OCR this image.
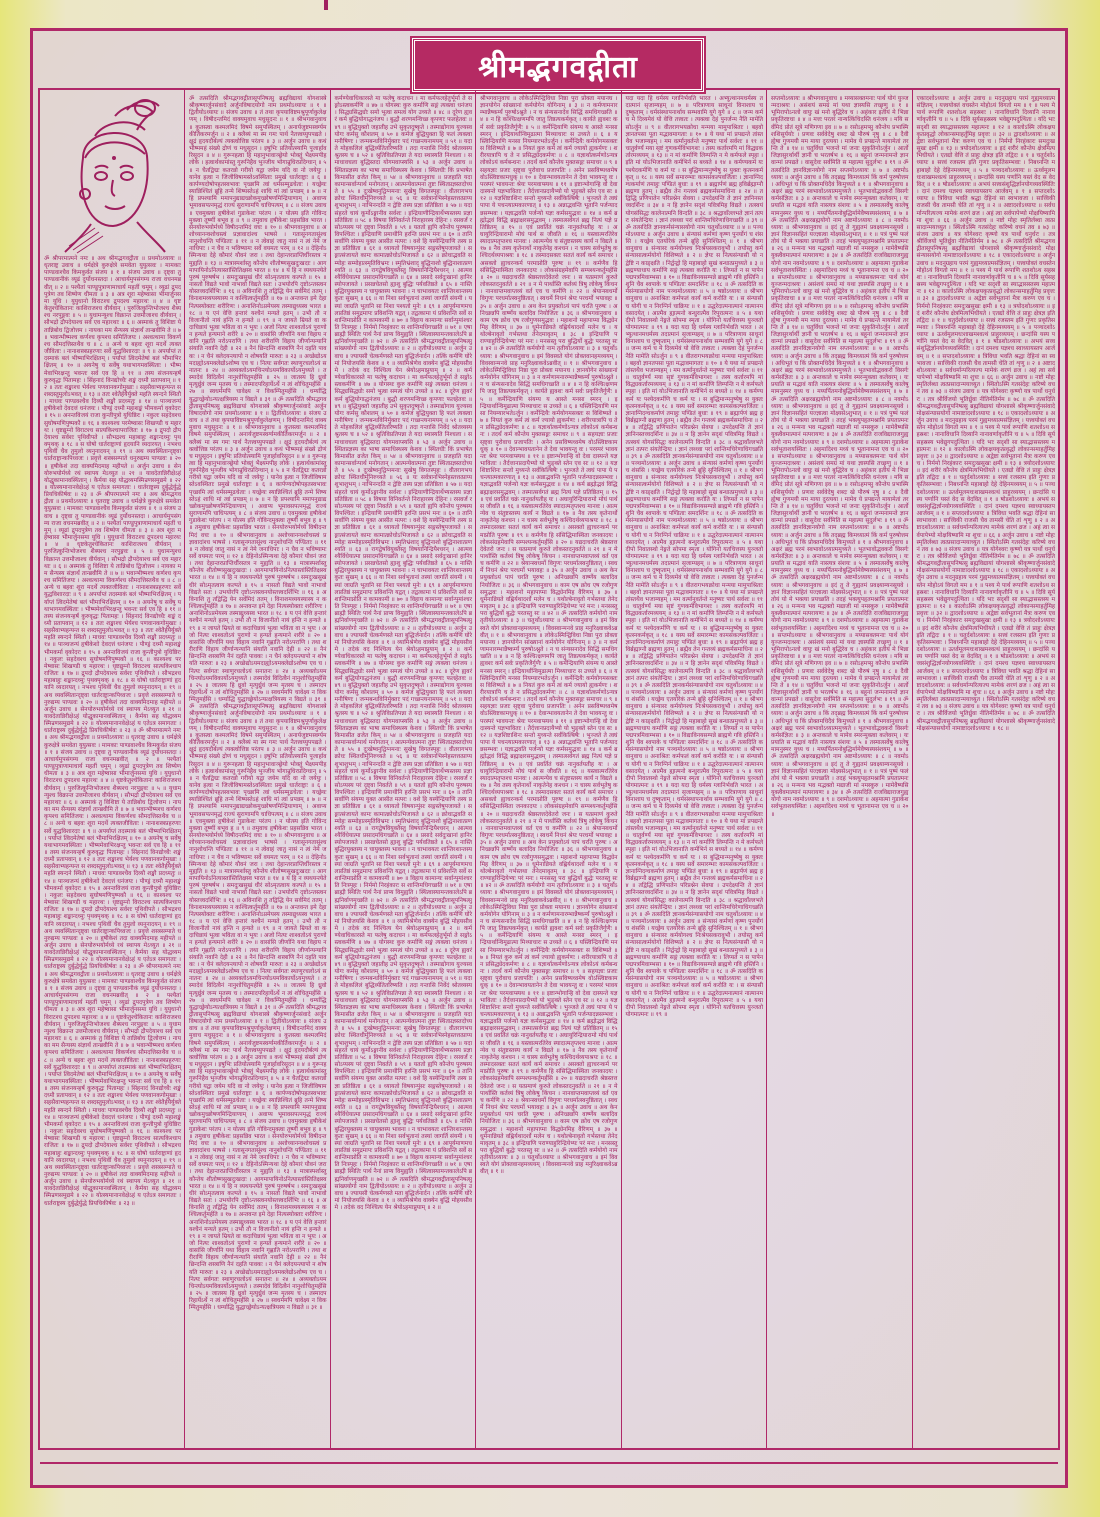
श्रीमद्भगवद्गीता
ॐ श्रीपरमात्मने नमः ॥ अथ श्रीमद्भगवद्गीता ॥ प्रथमोऽध्यायः ॥ धृतराष्ट्र उवाच ॥ धर्मक्षेत्रे कुरुक्षेत्रे समवेता युयुत्सवः । मामकाः पाण्डवाश्चैव किमकुर्वत संजय ॥ १ ॥ संजय उवाच ॥ दृष्ट्वा तु पाण्डवानीकं व्यूढं दुर्योधनस्तदा । आचार्यमुपसंगम्य राजा वचनमब्रवीत् ॥ २ ॥ पश्यैतां पाण्डुपुत्राणामाचार्य महतीं चमूम् । व्यूढां द्रुपदपुत्रेण तव शिष्येण धीमता ॥ ३ ॥ अत्र शूरा महेष्वासा भीमार्जुनसमा युधि । युयुधानो विराटश्च द्रुपदश्च महारथः ॥ ४ ॥ धृष्टकेतुश्चेकितानः काशिराजश्च वीर्यवान् । पुरुजित्कुन्तिभोजश्च शैब्यश्च नरपुङ्गवः ॥ ५ ॥ युधामन्युश्च विक्रान्त उत्तमौजाश्च वीर्यवान् । सौभद्रो द्रौपदेयाश्च सर्व एव महारथाः ॥ ६ ॥ अस्माकं तु विशिष्टा ये तान्निबोध द्विजोत्तम । नायका मम सैन्यस्य संज्ञार्थं तान्ब्रवीमि ते ॥ ७ ॥ भवान्भीष्मश्च कर्णश्च कृपश्च समितिंजयः । अश्वत्थामा विकर्णश्च सौमदत्तिस्तथैव च ॥ ८ ॥ अन्ये च बहवः शूरा मदर्थे त्यक्तजीविताः । नानाशस्त्रप्रहरणाः सर्वे युद्धविशारदाः ॥ ९ ॥ अपर्याप्तं तदस्माकं बलं भीष्माभिरक्षितम् । पर्याप्तं त्विदमेतेषां बलं भीमाभिरक्षितम् ॥ १० ॥ अयनेषु च सर्वेषु यथाभागमवस्थिताः । भीष्ममेवाभिरक्षन्तु भवन्तः सर्व एव हि ॥ ११ ॥ तस्य संजनयन्हर्षं कुरुवृद्धः पितामहः । सिंहनादं विनद्योच्चैः शङ्खं दध्मौ प्रतापवान् ॥ १२ ॥ ततः शङ्खाश्च भेर्यश्च पणवानकगोमुखाः । सहसैवाभ्यहन्यन्त स शब्दस्तुमुलोऽभवत् ॥ १३ ॥ ततः श्वेतैर्हयैर्युक्ते महति स्यन्दने स्थितौ । माधवः पाण्डवश्चैव दिव्यौ शङ्खौ प्रदध्मतुः ॥ १४ ॥ पाञ्चजन्यं हृषीकेशो देवदत्तं धनंजयः । पौण्ड्रं दध्मौ महाशङ्खं भीमकर्मा वृकोदरः ॥ १५ ॥ अनन्तविजयं राजा कुन्तीपुत्रो युधिष्ठिरः । नकुलः सहदेवश्च सुघोषमणिपुष्पकौ ॥ १६ ॥ काश्यश्च परमेष्वासः शिखण्डी च महारथः । धृष्टद्युम्नो विराटश्च सात्यकिश्चापराजितः ॥ १७ ॥ द्रुपदो द्रौपदेयाश्च सर्वशः पृथिवीपते । सौभद्रश्च महाबाहुः शङ्खान्दध्मुः पृथक्पृथक् ॥ १८ ॥ स घोषो धार्तराष्ट्राणां हृदयानि व्यदारयत् । नभश्च पृथिवीं चैव तुमुलो व्यनुनादयन् ॥ १९ ॥ अथ व्यवस्थितान्दृष्ट्वा धार्तराष्ट्रान्कपिध्वजः । प्रवृत्ते शस्त्रसम्पाते धनुरुद्यम्य पाण्डवः ॥ २० ॥ हृषीकेशं तदा वाक्यमिदमाह महीपते ॥ अर्जुन उवाच ॥ सेनयोरुभयोर्मध्ये रथं स्थापय मेऽच्युत ॥ २१ ॥ यावदेतान्निरीक्षेऽहं योद्धुकामानवस्थितान् । कैर्मया सह योद्धव्यमस्मिन्रणसमुद्यमे ॥ २२ ॥ योत्स्यमानानवेक्षेऽहं य एतेऽत्र समागताः । धार्तराष्ट्रस्य दुर्बुद्धेर्युद्धे प्रियचिकीर्षवः ॥ २३ ॥ ॐ श्रीपरमात्मने नमः ॥ अथ श्रीमद्भगवद्गीता ॥ प्रथमोऽध्यायः ॥ धृतराष्ट्र उवाच ॥ धर्मक्षेत्रे कुरुक्षेत्रे समवेता युयुत्सवः । मामकाः पाण्डवाश्चैव किमकुर्वत संजय ॥ १ ॥ संजय उवाच ॥ दृष्ट्वा तु पाण्डवानीकं व्यूढं दुर्योधनस्तदा । आचार्यमुपसंगम्य राजा वचनमब्रवीत् ॥ २ ॥ पश्यैतां पाण्डुपुत्राणामाचार्य महतीं चमूम् । व्यूढां द्रुपदपुत्रेण तव शिष्येण धीमता ॥ ३ ॥ अत्र शूरा महेष्वासा भीमार्जुनसमा युधि । युयुधानो विराटश्च द्रुपदश्च महारथः ॥ ४ ॥ धृष्टकेतुश्चेकितानः काशिराजश्च वीर्यवान् । पुरुजित्कुन्तिभोजश्च शैब्यश्च नरपुङ्गवः ॥ ५ ॥ युधामन्युश्च विक्रान्त उत्तमौजाश्च वीर्यवान् । सौभद्रो द्रौपदेयाश्च सर्व एव महारथाः ॥ ६ ॥ अस्माकं तु विशिष्टा ये तान्निबोध द्विजोत्तम । नायका मम सैन्यस्य संज्ञार्थं तान्ब्रवीमि ते ॥ ७ ॥ भवान्भीष्मश्च कर्णश्च कृपश्च समितिंजयः । अश्वत्थामा विकर्णश्च सौमदत्तिस्तथैव च ॥ ८ ॥ अन्ये च बहवः शूरा मदर्थे त्यक्तजीविताः । नानाशस्त्रप्रहरणाः सर्वे युद्धविशारदाः ॥ ९ ॥ अपर्याप्तं तदस्माकं बलं भीष्माभिरक्षितम् । पर्याप्तं त्विदमेतेषां बलं भीमाभिरक्षितम् ॥ १० ॥ अयनेषु च सर्वेषु यथाभागमवस्थिताः । भीष्ममेवाभिरक्षन्तु भवन्तः सर्व एव हि ॥ ११ ॥ तस्य संजनयन्हर्षं कुरुवृद्धः पितामहः । सिंहनादं विनद्योच्चैः शङ्खं दध्मौ प्रतापवान् ॥ १२ ॥ ततः शङ्खाश्च भेर्यश्च पणवानकगोमुखाः । सहसैवाभ्यहन्यन्त स शब्दस्तुमुलोऽभवत् ॥ १३ ॥ ततः श्वेतैर्हयैर्युक्ते महति स्यन्दने स्थितौ । माधवः पाण्डवश्चैव दिव्यौ शङ्खौ प्रदध्मतुः ॥ १४ ॥ पाञ्चजन्यं हृषीकेशो देवदत्तं धनंजयः । पौण्ड्रं दध्मौ महाशङ्खं भीमकर्मा वृकोदरः ॥ १५ ॥ अनन्तविजयं राजा कुन्तीपुत्रो युधिष्ठिरः । नकुलः सहदेवश्च सुघोषमणिपुष्पकौ ॥ १६ ॥ काश्यश्च परमेष्वासः शिखण्डी च महारथः । धृष्टद्युम्नो विराटश्च सात्यकिश्चापराजितः ॥ १७ ॥ द्रुपदो द्रौपदेयाश्च सर्वशः पृथिवीपते । सौभद्रश्च महाबाहुः शङ्खान्दध्मुः पृथक्पृथक् ॥ १८ ॥ स घोषो धार्तराष्ट्राणां हृदयानि व्यदारयत् । नभश्च पृथिवीं चैव तुमुलो व्यनुनादयन् ॥ १९ ॥ अथ व्यवस्थितान्दृष्ट्वा धार्तराष्ट्रान्कपिध्वजः । प्रवृत्ते शस्त्रसम्पाते धनुरुद्यम्य पाण्डवः ॥ २० ॥ हृषीकेशं तदा वाक्यमिदमाह महीपते ॥ अर्जुन उवाच ॥ सेनयोरुभयोर्मध्ये रथं स्थापय मेऽच्युत ॥ २१ ॥ यावदेतान्निरीक्षेऽहं योद्धुकामानवस्थितान् । कैर्मया सह योद्धव्यमस्मिन्रणसमुद्यमे ॥ २२ ॥ योत्स्यमानानवेक्षेऽहं य एतेऽत्र समागताः । धार्तराष्ट्रस्य दुर्बुद्धेर्युद्धे प्रियचिकीर्षवः ॥ २३ ॥ ॐ श्रीपरमात्मने नमः ॥ अथ श्रीमद्भगवद्गीता ॥ प्रथमोऽध्यायः ॥ धृतराष्ट्र उवाच ॥ धर्मक्षेत्रे कुरुक्षेत्रे समवेता युयुत्सवः । मामकाः पाण्डवाश्चैव किमकुर्वत संजय ॥ १ ॥ संजय उवाच ॥ दृष्ट्वा तु पाण्डवानीकं व्यूढं दुर्योधनस्तदा । आचार्यमुपसंगम्य राजा वचनमब्रवीत् ॥ २ ॥ पश्यैतां पाण्डुपुत्राणामाचार्य महतीं चमूम् । व्यूढां द्रुपदपुत्रेण तव शिष्येण धीमता ॥ ३ ॥ अत्र शूरा महेष्वासा भीमार्जुनसमा युधि । युयुधानो विराटश्च द्रुपदश्च महारथः ॥ ४ ॥ धृष्टकेतुश्चेकितानः काशिराजश्च वीर्यवान् । पुरुजित्कुन्तिभोजश्च शैब्यश्च नरपुङ्गवः ॥ ५ ॥ युधामन्युश्च विक्रान्त उत्तमौजाश्च वीर्यवान् । सौभद्रो द्रौपदेयाश्च सर्व एव महारथाः ॥ ६ ॥ अस्माकं तु विशिष्टा ये तान्निबोध द्विजोत्तम । नायका मम सैन्यस्य संज्ञार्थं तान्ब्रवीमि ते ॥ ७ ॥ भवान्भीष्मश्च कर्णश्च कृपश्च समितिंजयः । अश्वत्थामा विकर्णश्च सौमदत्तिस्तथैव च ॥ ८ ॥ अन्ये च बहवः शूरा मदर्थे त्यक्तजीविताः । नानाशस्त्रप्रहरणाः सर्वे युद्धविशारदाः ॥ ९ ॥ अपर्याप्तं तदस्माकं बलं भीष्माभिरक्षितम् । पर्याप्तं त्विदमेतेषां बलं भीमाभिरक्षितम् ॥ १० ॥ अयनेषु च सर्वेषु यथाभागमवस्थिताः । भीष्ममेवाभिरक्षन्तु भवन्तः सर्व एव हि ॥ ११ ॥ तस्य संजनयन्हर्षं कुरुवृद्धः पितामहः । सिंहनादं विनद्योच्चैः शङ्खं दध्मौ प्रतापवान् ॥ १२ ॥ ततः शङ्खाश्च भेर्यश्च पणवानकगोमुखाः । सहसैवाभ्यहन्यन्त स शब्दस्तुमुलोऽभवत् ॥ १३ ॥ ततः श्वेतैर्हयैर्युक्ते महति स्यन्दने स्थितौ । माधवः पाण्डवश्चैव दिव्यौ शङ्खौ प्रदध्मतुः ॥ १४ ॥ पाञ्चजन्यं हृषीकेशो देवदत्तं धनंजयः । पौण्ड्रं दध्मौ महाशङ्खं भीमकर्मा वृकोदरः ॥ १५ ॥ अनन्तविजयं राजा कुन्तीपुत्रो युधिष्ठिरः । नकुलः सहदेवश्च सुघोषमणिपुष्पकौ ॥ १६ ॥ काश्यश्च परमेष्वासः शिखण्डी च महारथः । धृष्टद्युम्नो विराटश्च सात्यकिश्चापराजितः ॥ १७ ॥ द्रुपदो द्रौपदेयाश्च सर्वशः पृथिवीपते । सौभद्रश्च महाबाहुः शङ्खान्दध्मुः पृथक्पृथक् ॥ १८ ॥ स घोषो धार्तराष्ट्राणां हृदयानि व्यदारयत् । नभश्च पृथिवीं चैव तुमुलो व्यनुनादयन् ॥ १९ ॥ अथ व्यवस्थितान्दृष्ट्वा धार्तराष्ट्रान्कपिध्वजः । प्रवृत्ते शस्त्रसम्पाते धनुरुद्यम्य पाण्डवः ॥ २० ॥ हृषीकेशं तदा वाक्यमिदमाह महीपते ॥ अर्जुन उवाच ॥ सेनयोरुभयोर्मध्ये रथं स्थापय मेऽच्युत ॥ २१ ॥ यावदेतान्निरीक्षेऽहं योद्धुकामानवस्थितान् । कैर्मया सह योद्धव्यमस्मिन्रणसमुद्यमे ॥ २२ ॥ योत्स्यमानानवेक्षेऽहं य एतेऽत्र समागताः । धार्तराष्ट्रस्य दुर्बुद्धेर्युद्धे प्रियचिकीर्षवः ॥ २३ ॥ ॐ श्रीपरमात्मने नमः ॥ अथ श्रीमद्भगवद्गीता ॥ प्रथमोऽध्यायः ॥ धृतराष्ट्र उवाच ॥ धर्मक्षेत्रे कुरुक्षेत्रे समवेता युयुत्सवः । मामकाः पाण्डवाश्चैव किमकुर्वत संजय ॥ १ ॥ संजय उवाच ॥ दृष्ट्वा तु पाण्डवानीकं व्यूढं दुर्योधनस्तदा । आचार्यमुपसंगम्य राजा वचनमब्रवीत् ॥ २ ॥ पश्यैतां पाण्डुपुत्राणामाचार्य महतीं चमूम् । व्यूढां द्रुपदपुत्रेण तव शिष्येण धीमता ॥ ३ ॥ अत्र शूरा महेष्वासा भीमार्जुनसमा युधि । युयुधानो विराटश्च द्रुपदश्च महारथः ॥ ४ ॥ धृष्टकेतुश्चेकितानः काशिराजश्च वीर्यवान् । पुरुजित्कुन्तिभोजश्च शैब्यश्च नरपुङ्गवः ॥ ५ ॥ युधामन्युश्च विक्रान्त उत्तमौजाश्च वीर्यवान् । सौभद्रो द्रौपदेयाश्च सर्व एव महारथाः ॥ ६ ॥ अस्माकं तु विशिष्टा ये तान्निबोध द्विजोत्तम । नायका मम सैन्यस्य संज्ञार्थं तान्ब्रवीमि ते ॥ ७ ॥ भवान्भीष्मश्च कर्णश्च कृपश्च समितिंजयः । अश्वत्थामा विकर्णश्च सौमदत्तिस्तथैव च ॥ ८ ॥ अन्ये च बहवः शूरा मदर्थे त्यक्तजीविताः । नानाशस्त्रप्रहरणाः सर्वे युद्धविशारदाः ॥ ९ ॥ अपर्याप्तं तदस्माकं बलं भीष्माभिरक्षितम् । पर्याप्तं त्विदमेतेषां बलं भीमाभिरक्षितम् ॥ १० ॥ अयनेषु च सर्वेषु यथाभागमवस्थिताः । भीष्ममेवाभिरक्षन्तु भवन्तः सर्व एव हि ॥ ११ ॥ तस्य संजनयन्हर्षं कुरुवृद्धः पितामहः । सिंहनादं विनद्योच्चैः शङ्खं दध्मौ प्रतापवान् ॥ १२ ॥ ततः शङ्खाश्च भेर्यश्च पणवानकगोमुखाः । सहसैवाभ्यहन्यन्त स शब्दस्तुमुलोऽभवत् ॥ १३ ॥ ततः श्वेतैर्हयैर्युक्ते महति स्यन्दने स्थितौ । माधवः पाण्डवश्चैव दिव्यौ शङ्खौ प्रदध्मतुः ॥ १४ ॥ पाञ्चजन्यं हृषीकेशो देवदत्तं धनंजयः । पौण्ड्रं दध्मौ महाशङ्खं भीमकर्मा वृकोदरः ॥ १५ ॥ अनन्तविजयं राजा कुन्तीपुत्रो युधिष्ठिरः । नकुलः सहदेवश्च सुघोषमणिपुष्पकौ ॥ १६ ॥ काश्यश्च परमेष्वासः शिखण्डी च महारथः । धृष्टद्युम्नो विराटश्च सात्यकिश्चापराजितः ॥ १७ ॥ द्रुपदो द्रौपदेयाश्च सर्वशः पृथिवीपते । सौभद्रश्च महाबाहुः शङ्खान्दध्मुः पृथक्पृथक् ॥ १८ ॥ स घोषो धार्तराष्ट्राणां हृदयानि व्यदारयत् । नभश्च पृथिवीं चैव तुमुलो व्यनुनादयन् ॥ १९ ॥ अथ व्यवस्थितान्दृष्ट्वा धार्तराष्ट्रान्कपिध्वजः । प्रवृत्ते शस्त्रसम्पाते धनुरुद्यम्य पाण्डवः ॥ २० ॥ हृषीकेशं तदा वाक्यमिदमाह महीपते ॥ अर्जुन उवाच ॥ सेनयोरुभयोर्मध्ये रथं स्थापय मेऽच्युत ॥ २१ ॥ यावदेतान्निरीक्षेऽहं योद्धुकामानवस्थितान् । कैर्मया सह योद्धव्यमस्मिन्रणसमुद्यमे ॥ २२ ॥ योत्स्यमानानवेक्षेऽहं य एतेऽत्र समागताः । धार्तराष्ट्रस्य दुर्बुद्धेर्युद्धे प्रियचिकीर्षवः ॥ २३ ॥
ॐ तत्सदिति श्रीमद्भगवद्गीतासूपनिषत्सु ब्रह्मविद्यायां योगशास्त्रे श्रीकृष्णार्जुनसंवादे अर्जुनविषादयोगो नाम प्रथमोऽध्यायः ॥ १ ॥ द्वितीयोऽध्यायः ॥ संजय उवाच ॥ तं तथा कृपयाविष्टमश्रुपूर्णाकुलेक्षणम् । विषीदन्तमिदं वाक्यमुवाच मधुसूदनः ॥ १ ॥ श्रीभगवानुवाच ॥ कुतस्त्वा कश्मलमिदं विषमे समुपस्थितम् । अनार्यजुष्टमस्वर्ग्यमकीर्तिकरमर्जुन ॥ २ ॥ क्लैब्यं मा स्म गमः पार्थ नैतत्त्वय्युपपद्यते । क्षुद्रं हृदयदौर्बल्यं त्यक्त्वोत्तिष्ठ परंतप ॥ ३ ॥ अर्जुन उवाच ॥ कथं भीष्ममहं संख्ये द्रोणं च मधुसूदन । इषुभिः प्रतियोत्स्यामि पूजार्हावरिसूदन ॥ ४ ॥ गुरूनहत्वा हि महानुभावाञ्छ्रेयो भोक्तुं भैक्ष्यमपीह लोके । हत्वार्थकामांस्तु गुरूनिहैव भुञ्जीय भोगान्रुधिरप्रदिग्धान् ॥ ५ ॥ न चैतद्विद्मः कतरन्नो गरीयो यद्वा जयेम यदि वा नो जयेयुः । यानेव हत्वा न जिजीविषामस्तेऽवस्थिताः प्रमुखे धार्तराष्ट्राः ॥ ६ ॥ कार्पण्यदोषोपहतस्वभावः पृच्छामि त्वां धर्मसम्मूढचेताः । यच्छ्रेयः स्यान्निश्चितं ब्रूहि तन्मे शिष्यस्तेऽहं शाधि मां त्वां प्रपन्नम् ॥ ७ ॥ न हि प्रपश्यामि ममापनुद्याद्यच्छोकमुच्छोषणमिन्द्रियाणाम् । अवाप्य भूमावसपत्नमृद्धं राज्यं सुराणामपि चाधिपत्यम् ॥ ८ ॥ संजय उवाच ॥ एवमुक्त्वा हृषीकेशं गुडाकेशः परंतप । न योत्स्य इति गोविन्दमुक्त्वा तूष्णीं बभूव ह ॥ ९ ॥ तमुवाच हृषीकेशः प्रहसन्निव भारत । सेनयोरुभयोर्मध्ये विषीदन्तमिदं वचः ॥ १० ॥ श्रीभगवानुवाच ॥ अशोच्यानन्वशोचस्त्वं प्रज्ञावादांश्च भाषसे । गतासूनगतासूंश्च नानुशोचन्ति पण्डिताः ॥ ११ ॥ न त्वेवाहं जातु नासं न त्वं नेमे जनाधिपाः । न चैव न भविष्यामः सर्वे वयमतः परम् ॥ १२ ॥ देहिनोऽस्मिन्यथा देहे कौमारं यौवनं जरा । तथा देहान्तरप्राप्तिर्धीरस्तत्र न मुह्यति ॥ १३ ॥ मात्रास्पर्शास्तु कौन्तेय शीतोष्णसुखदुःखदाः । आगमापायिनोऽनित्यास्तांस्तितिक्षस्व भारत ॥ १४ ॥ यं हि न व्यथयन्त्येते पुरुषं पुरुषर्षभ । समदुःखसुखं धीरं सोऽमृतत्वाय कल्पते ॥ १५ ॥ नासतो विद्यते भावो नाभावो विद्यते सतः । उभयोरपि दृष्टोऽन्तस्त्वनयोस्तत्त्वदर्शिभिः ॥ १६ ॥ अविनाशि तु तद्विद्धि येन सर्वमिदं ततम् । विनाशमव्ययस्यास्य न कश्चित्कर्तुमर्हति ॥ १७ ॥ अन्तवन्त इमे देहा नित्यस्योक्ताः शरीरिणः । अनाशिनोऽप्रमेयस्य तस्माद्युध्यस्व भारत ॥ १८ ॥ य एनं वेत्ति हन्तारं यश्चैनं मन्यते हतम् । उभौ तौ न विजानीतो नायं हन्ति न हन्यते ॥ १९ ॥ न जायते म्रियते वा कदाचिन्नायं भूत्वा भविता वा न भूयः । अजो नित्यः शाश्वतोऽयं पुराणो न हन्यते हन्यमाने शरीरे ॥ २० ॥ वासांसि जीर्णानि यथा विहाय नवानि गृह्णाति नरोऽपराणि । तथा शरीराणि विहाय जीर्णान्यन्यानि संयाति नवानि देही ॥ २२ ॥ नैनं छिन्दन्ति शस्त्राणि नैनं दहति पावकः । न चैनं क्लेदयन्त्यापो न शोषयति मारुतः ॥ २३ ॥ अच्छेद्योऽयमदाह्योऽयमक्लेद्योऽशोष्य एव च । नित्यः सर्वगतः स्थाणुरचलोऽयं सनातनः ॥ २४ ॥ अव्यक्तोऽयमचिन्त्योऽयमविकार्योऽयमुच्यते । तस्मादेवं विदित्वैनं नानुशोचितुमर्हसि ॥ २५ ॥ जातस्य हि ध्रुवो मृत्युर्ध्रुवं जन्म मृतस्य च । तस्मादपरिहार्येऽर्थे न त्वं शोचितुमर्हसि ॥ २७ ॥ स्वधर्ममपि चावेक्ष्य न विकम्पितुमर्हसि । धर्म्याद्धि युद्धाच्छ्रेयोऽन्यत्क्षत्रियस्य न विद्यते ॥ ३१ ॥ ॐ तत्सदिति श्रीमद्भगवद्गीतासूपनिषत्सु ब्रह्मविद्यायां योगशास्त्रे श्रीकृष्णार्जुनसंवादे अर्जुनविषादयोगो नाम प्रथमोऽध्यायः ॥ १ ॥ द्वितीयोऽध्यायः ॥ संजय उवाच ॥ तं तथा कृपयाविष्टमश्रुपूर्णाकुलेक्षणम् । विषीदन्तमिदं वाक्यमुवाच मधुसूदनः ॥ १ ॥ श्रीभगवानुवाच ॥ कुतस्त्वा कश्मलमिदं विषमे समुपस्थितम् । अनार्यजुष्टमस्वर्ग्यमकीर्तिकरमर्जुन ॥ २ ॥ क्लैब्यं मा स्म गमः पार्थ नैतत्त्वय्युपपद्यते । क्षुद्रं हृदयदौर्बल्यं त्यक्त्वोत्तिष्ठ परंतप ॥ ३ ॥ अर्जुन उवाच ॥ कथं भीष्ममहं संख्ये द्रोणं च मधुसूदन । इषुभिः प्रतियोत्स्यामि पूजार्हावरिसूदन ॥ ४ ॥ गुरूनहत्वा हि महानुभावाञ्छ्रेयो भोक्तुं भैक्ष्यमपीह लोके । हत्वार्थकामांस्तु गुरूनिहैव भुञ्जीय भोगान्रुधिरप्रदिग्धान् ॥ ५ ॥ न चैतद्विद्मः कतरन्नो गरीयो यद्वा जयेम यदि वा नो जयेयुः । यानेव हत्वा न जिजीविषामस्तेऽवस्थिताः प्रमुखे धार्तराष्ट्राः ॥ ६ ॥ कार्पण्यदोषोपहतस्वभावः पृच्छामि त्वां धर्मसम्मूढचेताः । यच्छ्रेयः स्यान्निश्चितं ब्रूहि तन्मे शिष्यस्तेऽहं शाधि मां त्वां प्रपन्नम् ॥ ७ ॥ न हि प्रपश्यामि ममापनुद्याद्यच्छोकमुच्छोषणमिन्द्रियाणाम् । अवाप्य भूमावसपत्नमृद्धं राज्यं सुराणामपि चाधिपत्यम् ॥ ८ ॥ संजय उवाच ॥ एवमुक्त्वा हृषीकेशं गुडाकेशः परंतप । न योत्स्य इति गोविन्दमुक्त्वा तूष्णीं बभूव ह ॥ ९ ॥ तमुवाच हृषीकेशः प्रहसन्निव भारत । सेनयोरुभयोर्मध्ये विषीदन्तमिदं वचः ॥ १० ॥ श्रीभगवानुवाच ॥ अशोच्यानन्वशोचस्त्वं प्रज्ञावादांश्च भाषसे । गतासूनगतासूंश्च नानुशोचन्ति पण्डिताः ॥ ११ ॥ न त्वेवाहं जातु नासं न त्वं नेमे जनाधिपाः । न चैव न भविष्यामः सर्वे वयमतः परम् ॥ १२ ॥ देहिनोऽस्मिन्यथा देहे कौमारं यौवनं जरा । तथा देहान्तरप्राप्तिर्धीरस्तत्र न मुह्यति ॥ १३ ॥ मात्रास्पर्शास्तु कौन्तेय शीतोष्णसुखदुःखदाः । आगमापायिनोऽनित्यास्तांस्तितिक्षस्व भारत ॥ १४ ॥ यं हि न व्यथयन्त्येते पुरुषं पुरुषर्षभ । समदुःखसुखं धीरं सोऽमृतत्वाय कल्पते ॥ १५ ॥ नासतो विद्यते भावो नाभावो विद्यते सतः । उभयोरपि दृष्टोऽन्तस्त्वनयोस्तत्त्वदर्शिभिः ॥ १६ ॥ अविनाशि तु तद्विद्धि येन सर्वमिदं ततम् । विनाशमव्ययस्यास्य न कश्चित्कर्तुमर्हति ॥ १७ ॥ अन्तवन्त इमे देहा नित्यस्योक्ताः शरीरिणः । अनाशिनोऽप्रमेयस्य तस्माद्युध्यस्व भारत ॥ १८ ॥ य एनं वेत्ति हन्तारं यश्चैनं मन्यते हतम् । उभौ तौ न विजानीतो नायं हन्ति न हन्यते ॥ १९ ॥ न जायते म्रियते वा कदाचिन्नायं भूत्वा भविता वा न भूयः । अजो नित्यः शाश्वतोऽयं पुराणो न हन्यते हन्यमाने शरीरे ॥ २० ॥ वासांसि जीर्णानि यथा विहाय नवानि गृह्णाति नरोऽपराणि । तथा शरीराणि विहाय जीर्णान्यन्यानि संयाति नवानि देही ॥ २२ ॥ नैनं छिन्दन्ति शस्त्राणि नैनं दहति पावकः । न चैनं क्लेदयन्त्यापो न शोषयति मारुतः ॥ २३ ॥ अच्छेद्योऽयमदाह्योऽयमक्लेद्योऽशोष्य एव च । नित्यः सर्वगतः स्थाणुरचलोऽयं सनातनः ॥ २४ ॥ अव्यक्तोऽयमचिन्त्योऽयमविकार्योऽयमुच्यते । तस्मादेवं विदित्वैनं नानुशोचितुमर्हसि ॥ २५ ॥ जातस्य हि ध्रुवो मृत्युर्ध्रुवं जन्म मृतस्य च । तस्मादपरिहार्येऽर्थे न त्वं शोचितुमर्हसि ॥ २७ ॥ स्वधर्ममपि चावेक्ष्य न विकम्पितुमर्हसि । धर्म्याद्धि युद्धाच्छ्रेयोऽन्यत्क्षत्रियस्य न विद्यते ॥ ३१ ॥ ॐ तत्सदिति श्रीमद्भगवद्गीतासूपनिषत्सु ब्रह्मविद्यायां योगशास्त्रे श्रीकृष्णार्जुनसंवादे अर्जुनविषादयोगो नाम प्रथमोऽध्यायः ॥ १ ॥ द्वितीयोऽध्यायः ॥ संजय उवाच ॥ तं तथा कृपयाविष्टमश्रुपूर्णाकुलेक्षणम् । विषीदन्तमिदं वाक्यमुवाच मधुसूदनः ॥ १ ॥ श्रीभगवानुवाच ॥ कुतस्त्वा कश्मलमिदं विषमे समुपस्थितम् । अनार्यजुष्टमस्वर्ग्यमकीर्तिकरमर्जुन ॥ २ ॥ क्लैब्यं मा स्म गमः पार्थ नैतत्त्वय्युपपद्यते । क्षुद्रं हृदयदौर्बल्यं त्यक्त्वोत्तिष्ठ परंतप ॥ ३ ॥ अर्जुन उवाच ॥ कथं भीष्ममहं संख्ये द्रोणं च मधुसूदन । इषुभिः प्रतियोत्स्यामि पूजार्हावरिसूदन ॥ ४ ॥ गुरूनहत्वा हि महानुभावाञ्छ्रेयो भोक्तुं भैक्ष्यमपीह लोके । हत्वार्थकामांस्तु गुरूनिहैव भुञ्जीय भोगान्रुधिरप्रदिग्धान् ॥ ५ ॥ न चैतद्विद्मः कतरन्नो गरीयो यद्वा जयेम यदि वा नो जयेयुः । यानेव हत्वा न जिजीविषामस्तेऽवस्थिताः प्रमुखे धार्तराष्ट्राः ॥ ६ ॥ कार्पण्यदोषोपहतस्वभावः पृच्छामि त्वां धर्मसम्मूढचेताः । यच्छ्रेयः स्यान्निश्चितं ब्रूहि तन्मे शिष्यस्तेऽहं शाधि मां त्वां प्रपन्नम् ॥ ७ ॥ न हि प्रपश्यामि ममापनुद्याद्यच्छोकमुच्छोषणमिन्द्रियाणाम् । अवाप्य भूमावसपत्नमृद्धं राज्यं सुराणामपि चाधिपत्यम् ॥ ८ ॥ संजय उवाच ॥ एवमुक्त्वा हृषीकेशं गुडाकेशः परंतप । न योत्स्य इति गोविन्दमुक्त्वा तूष्णीं बभूव ह ॥ ९ ॥ तमुवाच हृषीकेशः प्रहसन्निव भारत । सेनयोरुभयोर्मध्ये विषीदन्तमिदं वचः ॥ १० ॥ श्रीभगवानुवाच ॥ अशोच्यानन्वशोचस्त्वं प्रज्ञावादांश्च भाषसे । गतासूनगतासूंश्च नानुशोचन्ति पण्डिताः ॥ ११ ॥ न त्वेवाहं जातु नासं न त्वं नेमे जनाधिपाः । न चैव न भविष्यामः सर्वे वयमतः परम् ॥ १२ ॥ देहिनोऽस्मिन्यथा देहे कौमारं यौवनं जरा । तथा देहान्तरप्राप्तिर्धीरस्तत्र न मुह्यति ॥ १३ ॥ मात्रास्पर्शास्तु कौन्तेय शीतोष्णसुखदुःखदाः । आगमापायिनोऽनित्यास्तांस्तितिक्षस्व भारत ॥ १४ ॥ यं हि न व्यथयन्त्येते पुरुषं पुरुषर्षभ । समदुःखसुखं धीरं सोऽमृतत्वाय कल्पते ॥ १५ ॥ नासतो विद्यते भावो नाभावो विद्यते सतः । उभयोरपि दृष्टोऽन्तस्त्वनयोस्तत्त्वदर्शिभिः ॥ १६ ॥ अविनाशि तु तद्विद्धि येन सर्वमिदं ततम् । विनाशमव्ययस्यास्य न कश्चित्कर्तुमर्हति ॥ १७ ॥ अन्तवन्त इमे देहा नित्यस्योक्ताः शरीरिणः । अनाशिनोऽप्रमेयस्य तस्माद्युध्यस्व भारत ॥ १८ ॥ य एनं वेत्ति हन्तारं यश्चैनं मन्यते हतम् । उभौ तौ न विजानीतो नायं हन्ति न हन्यते ॥ १९ ॥ न जायते म्रियते वा कदाचिन्नायं भूत्वा भविता वा न भूयः । अजो नित्यः शाश्वतोऽयं पुराणो न हन्यते हन्यमाने शरीरे ॥ २० ॥ वासांसि जीर्णानि यथा विहाय नवानि गृह्णाति नरोऽपराणि । तथा शरीराणि विहाय जीर्णान्यन्यानि संयाति नवानि देही ॥ २२ ॥ नैनं छिन्दन्ति शस्त्राणि नैनं दहति पावकः । न चैनं क्लेदयन्त्यापो न शोषयति मारुतः ॥ २३ ॥ अच्छेद्योऽयमदाह्योऽयमक्लेद्योऽशोष्य एव च । नित्यः सर्वगतः स्थाणुरचलोऽयं सनातनः ॥ २४ ॥ अव्यक्तोऽयमचिन्त्योऽयमविकार्योऽयमुच्यते । तस्मादेवं विदित्वैनं नानुशोचितुमर्हसि ॥ २५ ॥ जातस्य हि ध्रुवो मृत्युर्ध्रुवं जन्म मृतस्य च । तस्मादपरिहार्येऽर्थे न त्वं शोचितुमर्हसि ॥ २७ ॥ स्वधर्ममपि चावेक्ष्य न विकम्पितुमर्हसि । धर्म्याद्धि युद्धाच्छ्रेयोऽन्यत्क्षत्रियस्य न विद्यते ॥ ३१ ॥ ॐ तत्सदिति श्रीमद्भगवद्गीतासूपनिषत्सु ब्रह्मविद्यायां योगशास्त्रे श्रीकृष्णार्जुनसंवादे अर्जुनविषादयोगो नाम प्रथमोऽध्यायः ॥ १ ॥ द्वितीयोऽध्यायः ॥ संजय उवाच ॥ तं तथा कृपयाविष्टमश्रुपूर्णाकुलेक्षणम् । विषीदन्तमिदं वाक्यमुवाच मधुसूदनः ॥ १ ॥ श्रीभगवानुवाच ॥ कुतस्त्वा कश्मलमिदं विषमे समुपस्थितम् । अनार्यजुष्टमस्वर्ग्यमकीर्तिकरमर्जुन ॥ २ ॥ क्लैब्यं मा स्म गमः पार्थ नैतत्त्वय्युपपद्यते । क्षुद्रं हृदयदौर्बल्यं त्यक्त्वोत्तिष्ठ परंतप ॥ ३ ॥ अर्जुन उवाच ॥ कथं भीष्ममहं संख्ये द्रोणं च मधुसूदन । इषुभिः प्रतियोत्स्यामि पूजार्हावरिसूदन ॥ ४ ॥ गुरूनहत्वा हि महानुभावाञ्छ्रेयो भोक्तुं भैक्ष्यमपीह लोके । हत्वार्थकामांस्तु गुरूनिहैव भुञ्जीय भोगान्रुधिरप्रदिग्धान् ॥ ५ ॥ न चैतद्विद्मः कतरन्नो गरीयो यद्वा जयेम यदि वा नो जयेयुः । यानेव हत्वा न जिजीविषामस्तेऽवस्थिताः प्रमुखे धार्तराष्ट्राः ॥ ६ ॥ कार्पण्यदोषोपहतस्वभावः पृच्छामि त्वां धर्मसम्मूढचेताः । यच्छ्रेयः स्यान्निश्चितं ब्रूहि तन्मे शिष्यस्तेऽहं शाधि मां त्वां प्रपन्नम् ॥ ७ ॥ न हि प्रपश्यामि ममापनुद्याद्यच्छोकमुच्छोषणमिन्द्रियाणाम् । अवाप्य भूमावसपत्नमृद्धं राज्यं सुराणामपि चाधिपत्यम् ॥ ८ ॥ संजय उवाच ॥ एवमुक्त्वा हृषीकेशं गुडाकेशः परंतप । न योत्स्य इति गोविन्दमुक्त्वा तूष्णीं बभूव ह ॥ ९ ॥ तमुवाच हृषीकेशः प्रहसन्निव भारत । सेनयोरुभयोर्मध्ये विषीदन्तमिदं वचः ॥ १० ॥ श्रीभगवानुवाच ॥ अशोच्यानन्वशोचस्त्वं प्रज्ञावादांश्च भाषसे । गतासूनगतासूंश्च नानुशोचन्ति पण्डिताः ॥ ११ ॥ न त्वेवाहं जातु नासं न त्वं नेमे जनाधिपाः । न चैव न भविष्यामः सर्वे वयमतः परम् ॥ १२ ॥ देहिनोऽस्मिन्यथा देहे कौमारं यौवनं जरा । तथा देहान्तरप्राप्तिर्धीरस्तत्र न मुह्यति ॥ १३ ॥ मात्रास्पर्शास्तु कौन्तेय शीतोष्णसुखदुःखदाः । आगमापायिनोऽनित्यास्तांस्तितिक्षस्व भारत ॥ १४ ॥ यं हि न व्यथयन्त्येते पुरुषं पुरुषर्षभ । समदुःखसुखं धीरं सोऽमृतत्वाय कल्पते ॥ १५ ॥ नासतो विद्यते भावो नाभावो विद्यते सतः । उभयोरपि दृष्टोऽन्तस्त्वनयोस्तत्त्वदर्शिभिः ॥ १६ ॥ अविनाशि तु तद्विद्धि येन सर्वमिदं ततम् । विनाशमव्ययस्यास्य न कश्चित्कर्तुमर्हति ॥ १७ ॥ अन्तवन्त इमे देहा नित्यस्योक्ताः शरीरिणः । अनाशिनोऽप्रमेयस्य तस्माद्युध्यस्व भारत ॥ १८ ॥ य एनं वेत्ति हन्तारं यश्चैनं मन्यते हतम् । उभौ तौ न विजानीतो नायं हन्ति न हन्यते ॥ १९ ॥ न जायते म्रियते वा कदाचिन्नायं भूत्वा भविता वा न भूयः । अजो नित्यः शाश्वतोऽयं पुराणो न हन्यते हन्यमाने शरीरे ॥ २० ॥ वासांसि जीर्णानि यथा विहाय नवानि गृह्णाति नरोऽपराणि । तथा शरीराणि विहाय जीर्णान्यन्यानि संयाति नवानि देही ॥ २२ ॥ नैनं छिन्दन्ति शस्त्राणि नैनं दहति पावकः । न चैनं क्लेदयन्त्यापो न शोषयति मारुतः ॥ २३ ॥ अच्छेद्योऽयमदाह्योऽयमक्लेद्योऽशोष्य एव च । नित्यः सर्वगतः स्थाणुरचलोऽयं सनातनः ॥ २४ ॥ अव्यक्तोऽयमचिन्त्योऽयमविकार्योऽयमुच्यते । तस्मादेवं विदित्वैनं नानुशोचितुमर्हसि ॥ २५ ॥ जातस्य हि ध्रुवो मृत्युर्ध्रुवं जन्म मृतस्य च । तस्मादपरिहार्येऽर्थे न त्वं शोचितुमर्हसि ॥ २७ ॥ स्वधर्ममपि चावेक्ष्य न विकम्पितुमर्हसि । धर्म्याद्धि युद्धाच्छ्रेयोऽन्यत्क्षत्रियस्य न विद्यते ॥ ३१ ॥
कर्मण्येवाधिकारस्ते मा फलेषु कदाचन । मा कर्मफलहेतुर्भूर्मा ते सङ्गोऽस्त्वकर्मणि ॥ ४७ ॥ योगस्थः कुरु कर्माणि सङ्गं त्यक्त्वा धनंजय । सिद्ध्यसिद्ध्योः समो भूत्वा समत्वं योग उच्यते ॥ ४८ ॥ दूरेण ह्यवरं कर्म बुद्धियोगाद्धनंजय । बुद्धौ शरणमन्विच्छ कृपणाः फलहेतवः ॥ ४९ ॥ बुद्धियुक्तो जहातीह उभे सुकृतदुष्कृते । तस्माद्योगाय युज्यस्व योगः कर्मसु कौशलम् ॥ ५० ॥ कर्मजं बुद्धियुक्ता हि फलं त्यक्त्वा मनीषिणः । जन्मबन्धविनिर्मुक्ताः पदं गच्छन्त्यनामयम् ॥ ५१ ॥ यदा ते मोहकलिलं बुद्धिर्व्यतितरिष्यति । तदा गन्तासि निर्वेदं श्रोतव्यस्य श्रुतस्य च ॥ ५२ ॥ श्रुतिविप्रतिपन्ना ते यदा स्थास्यति निश्चला । समाधावचला बुद्धिस्तदा योगमवाप्स्यसि ॥ ५३ ॥ अर्जुन उवाच ॥ स्थितप्रज्ञस्य का भाषा समाधिस्थस्य केशव । स्थितधीः किं प्रभाषेत किमासीत व्रजेत किम् ॥ ५४ ॥ श्रीभगवानुवाच ॥ प्रजहाति यदा कामान्सर्वान्पार्थ मनोगतान् । आत्मन्येवात्मना तुष्टः स्थितप्रज्ञस्तदोच्यते ॥ ५५ ॥ दुःखेष्वनुद्विग्नमनाः सुखेषु विगतस्पृहः । वीतरागभयक्रोधः स्थितधीर्मुनिरुच्यते ॥ ५६ ॥ यः सर्वत्रानभिस्नेहस्तत्तत्प्राप्य शुभाशुभम् । नाभिनन्दति न द्वेष्टि तस्य प्रज्ञा प्रतिष्ठिता ॥ ५७ ॥ यदा संहरते चायं कूर्मोऽङ्गानीव सर्वशः । इन्द्रियाणीन्द्रियार्थेभ्यस्तस्य प्रज्ञा प्रतिष्ठिता ॥ ५८ ॥ विषया विनिवर्तन्ते निराहारस्य देहिनः । रसवर्जं रसोऽप्यस्य परं दृष्ट्वा निवर्तते ॥ ५९ ॥ यततो ह्यपि कौन्तेय पुरुषस्य विपश्चितः । इन्द्रियाणि प्रमाथीनि हरन्ति प्रसभं मनः ॥ ६० ॥ तानि सर्वाणि संयम्य युक्त आसीत मत्परः । वशे हि यस्येन्द्रियाणि तस्य प्रज्ञा प्रतिष्ठिता ॥ ६१ ॥ ध्यायतो विषयान्पुंसः सङ्गस्तेषूपजायते । सङ्गात्संजायते कामः कामात्क्रोधोऽभिजायते ॥ ६२ ॥ क्रोधाद्भवति सम्मोहः सम्मोहात्स्मृतिविभ्रमः । स्मृतिभ्रंशाद् बुद्धिनाशो बुद्धिनाशात्प्रणश्यति ॥ ६३ ॥ रागद्वेषवियुक्तैस्तु विषयानिन्द्रियैश्चरन् । आत्मवश्यैर्विधेयात्मा प्रसादमधिगच्छति ॥ ६४ ॥ प्रसादे सर्वदुःखानां हानिरस्योपजायते । प्रसन्नचेतसो ह्याशु बुद्धिः पर्यवतिष्ठते ॥ ६५ ॥ नास्ति बुद्धिरयुक्तस्य न चायुक्तस्य भावना । न चाभावयतः शान्तिरशान्तस्य कुतः सुखम् ॥ ६६ ॥ या निशा सर्वभूतानां तस्यां जागर्ति संयमी । यस्यां जाग्रति भूतानि सा निशा पश्यतो मुनेः ॥ ६९ ॥ आपूर्यमाणमचलप्रतिष्ठं समुद्रमापः प्रविशन्ति यद्वत् । तद्वत्कामा यं प्रविशन्ति सर्वे स शान्तिमाप्नोति न कामकामी ॥ ७० ॥ विहाय कामान्यः सर्वान्पुमांश्चरति निःस्पृहः । निर्ममो निरहंकारः स शान्तिमधिगच्छति ॥ ७१ ॥ एषा ब्राह्मी स्थितिः पार्थ नैनां प्राप्य विमुह्यति । स्थित्वास्यामन्तकालेऽपि ब्रह्मनिर्वाणमृच्छति ॥ ७२ ॥ ॐ तत्सदिति श्रीमद्भगवद्गीतासूपनिषत्सु सांख्ययोगो नाम द्वितीयोऽध्यायः ॥ २ ॥ तृतीयोऽध्यायः ॥ अर्जुन उवाच ॥ ज्यायसी चेत्कर्मणस्ते मता बुद्धिर्जनार्दन । तत्किं कर्मणि घोरे मां नियोजयसि केशव ॥ १ ॥ व्यामिश्रेणेव वाक्येन बुद्धिं मोहयसीव मे । तदेकं वद निश्चित्य येन श्रेयोऽहमाप्नुयाम् ॥ २ ॥ कर्मण्येवाधिकारस्ते मा फलेषु कदाचन । मा कर्मफलहेतुर्भूर्मा ते सङ्गोऽस्त्वकर्मणि ॥ ४७ ॥ योगस्थः कुरु कर्माणि सङ्गं त्यक्त्वा धनंजय । सिद्ध्यसिद्ध्योः समो भूत्वा समत्वं योग उच्यते ॥ ४८ ॥ दूरेण ह्यवरं कर्म बुद्धियोगाद्धनंजय । बुद्धौ शरणमन्विच्छ कृपणाः फलहेतवः ॥ ४९ ॥ बुद्धियुक्तो जहातीह उभे सुकृतदुष्कृते । तस्माद्योगाय युज्यस्व योगः कर्मसु कौशलम् ॥ ५० ॥ कर्मजं बुद्धियुक्ता हि फलं त्यक्त्वा मनीषिणः । जन्मबन्धविनिर्मुक्ताः पदं गच्छन्त्यनामयम् ॥ ५१ ॥ यदा ते मोहकलिलं बुद्धिर्व्यतितरिष्यति । तदा गन्तासि निर्वेदं श्रोतव्यस्य श्रुतस्य च ॥ ५२ ॥ श्रुतिविप्रतिपन्ना ते यदा स्थास्यति निश्चला । समाधावचला बुद्धिस्तदा योगमवाप्स्यसि ॥ ५३ ॥ अर्जुन उवाच ॥ स्थितप्रज्ञस्य का भाषा समाधिस्थस्य केशव । स्थितधीः किं प्रभाषेत किमासीत व्रजेत किम् ॥ ५४ ॥ श्रीभगवानुवाच ॥ प्रजहाति यदा कामान्सर्वान्पार्थ मनोगतान् । आत्मन्येवात्मना तुष्टः स्थितप्रज्ञस्तदोच्यते ॥ ५५ ॥ दुःखेष्वनुद्विग्नमनाः सुखेषु विगतस्पृहः । वीतरागभयक्रोधः स्थितधीर्मुनिरुच्यते ॥ ५६ ॥ यः सर्वत्रानभिस्नेहस्तत्तत्प्राप्य शुभाशुभम् । नाभिनन्दति न द्वेष्टि तस्य प्रज्ञा प्रतिष्ठिता ॥ ५७ ॥ यदा संहरते चायं कूर्मोऽङ्गानीव सर्वशः । इन्द्रियाणीन्द्रियार्थेभ्यस्तस्य प्रज्ञा प्रतिष्ठिता ॥ ५८ ॥ विषया विनिवर्तन्ते निराहारस्य देहिनः । रसवर्जं रसोऽप्यस्य परं दृष्ट्वा निवर्तते ॥ ५९ ॥ यततो ह्यपि कौन्तेय पुरुषस्य विपश्चितः । इन्द्रियाणि प्रमाथीनि हरन्ति प्रसभं मनः ॥ ६० ॥ तानि सर्वाणि संयम्य युक्त आसीत मत्परः । वशे हि यस्येन्द्रियाणि तस्य प्रज्ञा प्रतिष्ठिता ॥ ६१ ॥ ध्यायतो विषयान्पुंसः सङ्गस्तेषूपजायते । सङ्गात्संजायते कामः कामात्क्रोधोऽभिजायते ॥ ६२ ॥ क्रोधाद्भवति सम्मोहः सम्मोहात्स्मृतिविभ्रमः । स्मृतिभ्रंशाद् बुद्धिनाशो बुद्धिनाशात्प्रणश्यति ॥ ६३ ॥ रागद्वेषवियुक्तैस्तु विषयानिन्द्रियैश्चरन् । आत्मवश्यैर्विधेयात्मा प्रसादमधिगच्छति ॥ ६४ ॥ प्रसादे सर्वदुःखानां हानिरस्योपजायते । प्रसन्नचेतसो ह्याशु बुद्धिः पर्यवतिष्ठते ॥ ६५ ॥ नास्ति बुद्धिरयुक्तस्य न चायुक्तस्य भावना । न चाभावयतः शान्तिरशान्तस्य कुतः सुखम् ॥ ६६ ॥ या निशा सर्वभूतानां तस्यां जागर्ति संयमी । यस्यां जाग्रति भूतानि सा निशा पश्यतो मुनेः ॥ ६९ ॥ आपूर्यमाणमचलप्रतिष्ठं समुद्रमापः प्रविशन्ति यद्वत् । तद्वत्कामा यं प्रविशन्ति सर्वे स शान्तिमाप्नोति न कामकामी ॥ ७० ॥ विहाय कामान्यः सर्वान्पुमांश्चरति निःस्पृहः । निर्ममो निरहंकारः स शान्तिमधिगच्छति ॥ ७१ ॥ एषा ब्राह्मी स्थितिः पार्थ नैनां प्राप्य विमुह्यति । स्थित्वास्यामन्तकालेऽपि ब्रह्मनिर्वाणमृच्छति ॥ ७२ ॥ ॐ तत्सदिति श्रीमद्भगवद्गीतासूपनिषत्सु सांख्ययोगो नाम द्वितीयोऽध्यायः ॥ २ ॥ तृतीयोऽध्यायः ॥ अर्जुन उवाच ॥ ज्यायसी चेत्कर्मणस्ते मता बुद्धिर्जनार्दन । तत्किं कर्मणि घोरे मां नियोजयसि केशव ॥ १ ॥ व्यामिश्रेणेव वाक्येन बुद्धिं मोहयसीव मे । तदेकं वद निश्चित्य येन श्रेयोऽहमाप्नुयाम् ॥ २ ॥ कर्मण्येवाधिकारस्ते मा फलेषु कदाचन । मा कर्मफलहेतुर्भूर्मा ते सङ्गोऽस्त्वकर्मणि ॥ ४७ ॥ योगस्थः कुरु कर्माणि सङ्गं त्यक्त्वा धनंजय । सिद्ध्यसिद्ध्योः समो भूत्वा समत्वं योग उच्यते ॥ ४८ ॥ दूरेण ह्यवरं कर्म बुद्धियोगाद्धनंजय । बुद्धौ शरणमन्विच्छ कृपणाः फलहेतवः ॥ ४९ ॥ बुद्धियुक्तो जहातीह उभे सुकृतदुष्कृते । तस्माद्योगाय युज्यस्व योगः कर्मसु कौशलम् ॥ ५० ॥ कर्मजं बुद्धियुक्ता हि फलं त्यक्त्वा मनीषिणः । जन्मबन्धविनिर्मुक्ताः पदं गच्छन्त्यनामयम् ॥ ५१ ॥ यदा ते मोहकलिलं बुद्धिर्व्यतितरिष्यति । तदा गन्तासि निर्वेदं श्रोतव्यस्य श्रुतस्य च ॥ ५२ ॥ श्रुतिविप्रतिपन्ना ते यदा स्थास्यति निश्चला । समाधावचला बुद्धिस्तदा योगमवाप्स्यसि ॥ ५३ ॥ अर्जुन उवाच ॥ स्थितप्रज्ञस्य का भाषा समाधिस्थस्य केशव । स्थितधीः किं प्रभाषेत किमासीत व्रजेत किम् ॥ ५४ ॥ श्रीभगवानुवाच ॥ प्रजहाति यदा कामान्सर्वान्पार्थ मनोगतान् । आत्मन्येवात्मना तुष्टः स्थितप्रज्ञस्तदोच्यते ॥ ५५ ॥ दुःखेष्वनुद्विग्नमनाः सुखेषु विगतस्पृहः । वीतरागभयक्रोधः स्थितधीर्मुनिरुच्यते ॥ ५६ ॥ यः सर्वत्रानभिस्नेहस्तत्तत्प्राप्य शुभाशुभम् । नाभिनन्दति न द्वेष्टि तस्य प्रज्ञा प्रतिष्ठिता ॥ ५७ ॥ यदा संहरते चायं कूर्मोऽङ्गानीव सर्वशः । इन्द्रियाणीन्द्रियार्थेभ्यस्तस्य प्रज्ञा प्रतिष्ठिता ॥ ५८ ॥ विषया विनिवर्तन्ते निराहारस्य देहिनः । रसवर्जं रसोऽप्यस्य परं दृष्ट्वा निवर्तते ॥ ५९ ॥ यततो ह्यपि कौन्तेय पुरुषस्य विपश्चितः । इन्द्रियाणि प्रमाथीनि हरन्ति प्रसभं मनः ॥ ६० ॥ तानि सर्वाणि संयम्य युक्त आसीत मत्परः । वशे हि यस्येन्द्रियाणि तस्य प्रज्ञा प्रतिष्ठिता ॥ ६१ ॥ ध्यायतो विषयान्पुंसः सङ्गस्तेषूपजायते । सङ्गात्संजायते कामः कामात्क्रोधोऽभिजायते ॥ ६२ ॥ क्रोधाद्भवति सम्मोहः सम्मोहात्स्मृतिविभ्रमः । स्मृतिभ्रंशाद् बुद्धिनाशो बुद्धिनाशात्प्रणश्यति ॥ ६३ ॥ रागद्वेषवियुक्तैस्तु विषयानिन्द्रियैश्चरन् । आत्मवश्यैर्विधेयात्मा प्रसादमधिगच्छति ॥ ६४ ॥ प्रसादे सर्वदुःखानां हानिरस्योपजायते । प्रसन्नचेतसो ह्याशु बुद्धिः पर्यवतिष्ठते ॥ ६५ ॥ नास्ति बुद्धिरयुक्तस्य न चायुक्तस्य भावना । न चाभावयतः शान्तिरशान्तस्य कुतः सुखम् ॥ ६६ ॥ या निशा सर्वभूतानां तस्यां जागर्ति संयमी । यस्यां जाग्रति भूतानि सा निशा पश्यतो मुनेः ॥ ६९ ॥ आपूर्यमाणमचलप्रतिष्ठं समुद्रमापः प्रविशन्ति यद्वत् । तद्वत्कामा यं प्रविशन्ति सर्वे स शान्तिमाप्नोति न कामकामी ॥ ७० ॥ विहाय कामान्यः सर्वान्पुमांश्चरति निःस्पृहः । निर्ममो निरहंकारः स शान्तिमधिगच्छति ॥ ७१ ॥ एषा ब्राह्मी स्थितिः पार्थ नैनां प्राप्य विमुह्यति । स्थित्वास्यामन्तकालेऽपि ब्रह्मनिर्वाणमृच्छति ॥ ७२ ॥ ॐ तत्सदिति श्रीमद्भगवद्गीतासूपनिषत्सु सांख्ययोगो नाम द्वितीयोऽध्यायः ॥ २ ॥ तृतीयोऽध्यायः ॥ अर्जुन उवाच ॥ ज्यायसी चेत्कर्मणस्ते मता बुद्धिर्जनार्दन । तत्किं कर्मणि घोरे मां नियोजयसि केशव ॥ १ ॥ व्यामिश्रेणेव वाक्येन बुद्धिं मोहयसीव मे । तदेकं वद निश्चित्य येन श्रेयोऽहमाप्नुयाम् ॥ २ ॥ कर्मण्येवाधिकारस्ते मा फलेषु कदाचन । मा कर्मफलहेतुर्भूर्मा ते सङ्गोऽस्त्वकर्मणि ॥ ४७ ॥ योगस्थः कुरु कर्माणि सङ्गं त्यक्त्वा धनंजय । सिद्ध्यसिद्ध्योः समो भूत्वा समत्वं योग उच्यते ॥ ४८ ॥ दूरेण ह्यवरं कर्म बुद्धियोगाद्धनंजय । बुद्धौ शरणमन्विच्छ कृपणाः फलहेतवः ॥ ४९ ॥ बुद्धियुक्तो जहातीह उभे सुकृतदुष्कृते । तस्माद्योगाय युज्यस्व योगः कर्मसु कौशलम् ॥ ५० ॥ कर्मजं बुद्धियुक्ता हि फलं त्यक्त्वा मनीषिणः । जन्मबन्धविनिर्मुक्ताः पदं गच्छन्त्यनामयम् ॥ ५१ ॥ यदा ते मोहकलिलं बुद्धिर्व्यतितरिष्यति । तदा गन्तासि निर्वेदं श्रोतव्यस्य श्रुतस्य च ॥ ५२ ॥ श्रुतिविप्रतिपन्ना ते यदा स्थास्यति निश्चला । समाधावचला बुद्धिस्तदा योगमवाप्स्यसि ॥ ५३ ॥ अर्जुन उवाच ॥ स्थितप्रज्ञस्य का भाषा समाधिस्थस्य केशव । स्थितधीः किं प्रभाषेत किमासीत व्रजेत किम् ॥ ५४ ॥ श्रीभगवानुवाच ॥ प्रजहाति यदा कामान्सर्वान्पार्थ मनोगतान् । आत्मन्येवात्मना तुष्टः स्थितप्रज्ञस्तदोच्यते ॥ ५५ ॥ दुःखेष्वनुद्विग्नमनाः सुखेषु विगतस्पृहः । वीतरागभयक्रोधः स्थितधीर्मुनिरुच्यते ॥ ५६ ॥ यः सर्वत्रानभिस्नेहस्तत्तत्प्राप्य शुभाशुभम् । नाभिनन्दति न द्वेष्टि तस्य प्रज्ञा प्रतिष्ठिता ॥ ५७ ॥ यदा संहरते चायं कूर्मोऽङ्गानीव सर्वशः । इन्द्रियाणीन्द्रियार्थेभ्यस्तस्य प्रज्ञा प्रतिष्ठिता ॥ ५८ ॥ विषया विनिवर्तन्ते निराहारस्य देहिनः । रसवर्जं रसोऽप्यस्य परं दृष्ट्वा निवर्तते ॥ ५९ ॥ यततो ह्यपि कौन्तेय पुरुषस्य विपश्चितः । इन्द्रियाणि प्रमाथीनि हरन्ति प्रसभं मनः ॥ ६० ॥ तानि सर्वाणि संयम्य युक्त आसीत मत्परः । वशे हि यस्येन्द्रियाणि तस्य प्रज्ञा प्रतिष्ठिता ॥ ६१ ॥ ध्यायतो विषयान्पुंसः सङ्गस्तेषूपजायते । सङ्गात्संजायते कामः कामात्क्रोधोऽभिजायते ॥ ६२ ॥ क्रोधाद्भवति सम्मोहः सम्मोहात्स्मृतिविभ्रमः । स्मृतिभ्रंशाद् बुद्धिनाशो बुद्धिनाशात्प्रणश्यति ॥ ६३ ॥ रागद्वेषवियुक्तैस्तु विषयानिन्द्रियैश्चरन् । आत्मवश्यैर्विधेयात्मा प्रसादमधिगच्छति ॥ ६४ ॥ प्रसादे सर्वदुःखानां हानिरस्योपजायते । प्रसन्नचेतसो ह्याशु बुद्धिः पर्यवतिष्ठते ॥ ६५ ॥ नास्ति बुद्धिरयुक्तस्य न चायुक्तस्य भावना । न चाभावयतः शान्तिरशान्तस्य कुतः सुखम् ॥ ६६ ॥ या निशा सर्वभूतानां तस्यां जागर्ति संयमी । यस्यां जाग्रति भूतानि सा निशा पश्यतो मुनेः ॥ ६९ ॥ आपूर्यमाणमचलप्रतिष्ठं समुद्रमापः प्रविशन्ति यद्वत् । तद्वत्कामा यं प्रविशन्ति सर्वे स शान्तिमाप्नोति न कामकामी ॥ ७० ॥ विहाय कामान्यः सर्वान्पुमांश्चरति निःस्पृहः । निर्ममो निरहंकारः स शान्तिमधिगच्छति ॥ ७१ ॥ एषा ब्राह्मी स्थितिः पार्थ नैनां प्राप्य विमुह्यति । स्थित्वास्यामन्तकालेऽपि ब्रह्मनिर्वाणमृच्छति ॥ ७२ ॥ ॐ तत्सदिति श्रीमद्भगवद्गीतासूपनिषत्सु सांख्ययोगो नाम द्वितीयोऽध्यायः ॥ २ ॥ तृतीयोऽध्यायः ॥ अर्जुन उवाच ॥ ज्यायसी चेत्कर्मणस्ते मता बुद्धिर्जनार्दन । तत्किं कर्मणि घोरे मां नियोजयसि केशव ॥ १ ॥ व्यामिश्रेणेव वाक्येन बुद्धिं मोहयसीव मे । तदेकं वद निश्चित्य येन श्रेयोऽहमाप्नुयाम् ॥ २ ॥
श्रीभगवानुवाच ॥ लोकेऽस्मिन्द्विविधा निष्ठा पुरा प्रोक्ता मयानघ । ज्ञानयोगेन सांख्यानां कर्मयोगेन योगिनाम् ॥ ३ ॥ न कर्मणामनारम्भान्नैष्कर्म्यं पुरुषोऽश्नुते । न च संन्यसनादेव सिद्धिं समधिगच्छति ॥ ४ ॥ न हि कश्चित्क्षणमपि जातु तिष्ठत्यकर्मकृत् । कार्यते ह्यवशः कर्म सर्वः प्रकृतिजैर्गुणैः ॥ ५ ॥ कर्मेन्द्रियाणि संयम्य य आस्ते मनसा स्मरन् । इन्द्रियार्थान्विमूढात्मा मिथ्याचारः स उच्यते ॥ ६ ॥ यस्त्विन्द्रियाणि मनसा नियम्यारभतेऽर्जुन । कर्मेन्द्रियैः कर्मयोगमसक्तः स विशिष्यते ॥ ७ ॥ नियतं कुरु कर्म त्वं कर्म ज्यायो ह्यकर्मणः । शरीरयात्रापि च ते न प्रसिद्ध्येदकर्मणः ॥ ८ ॥ यज्ञार्थात्कर्मणोऽन्यत्र लोकोऽयं कर्मबन्धनः । तदर्थं कर्म कौन्तेय मुक्तसङ्गः समाचर ॥ ९ ॥ सहयज्ञाः प्रजाः सृष्ट्वा पुरोवाच प्रजापतिः । अनेन प्रसविष्यध्वमेष वोऽस्त्विष्टकामधुक् ॥ १० ॥ देवान्भावयतानेन ते देवा भावयन्तु वः । परस्परं भावयन्तः श्रेयः परमवाप्स्यथ ॥ ११ ॥ इष्टान्भोगान्हि वो देवा दास्यन्ते यज्ञभाविताः । तैर्दत्तानप्रदायैभ्यो यो भुङ्क्ते स्तेन एव सः ॥ १२ ॥ यज्ञशिष्टाशिनः सन्तो मुच्यन्ते सर्वकिल्बिषैः । भुञ्जते ते त्वघं पापा ये पचन्त्यात्मकारणात् ॥ १३ ॥ अन्नाद्भवन्ति भूतानि पर्जन्यादन्नसम्भवः । यज्ञाद्भवति पर्जन्यो यज्ञः कर्मसमुद्भवः ॥ १४ ॥ कर्म ब्रह्मोद्भवं विद्धि ब्रह्माक्षरसमुद्भवम् । तस्मात्सर्वगतं ब्रह्म नित्यं यज्ञे प्रतिष्ठितम् ॥ १५ ॥ एवं प्रवर्तितं चक्रं नानुवर्तयतीह यः । अघायुरिन्द्रियारामो मोघं पार्थ स जीवति ॥ १६ ॥ यस्त्वात्मरतिरेव स्यादात्मतृप्तश्च मानवः । आत्मन्येव च संतुष्टस्तस्य कार्यं न विद्यते ॥ १७ ॥ नैव तस्य कृतेनार्थो नाकृतेनेह कश्चन । न चास्य सर्वभूतेषु कश्चिदर्थव्यपाश्रयः ॥ १८ ॥ तस्मादसक्तः सततं कार्यं कर्म समाचर । असक्तो ह्याचरन्कर्म परमाप्नोति पूरुषः ॥ १९ ॥ कर्मणैव हि संसिद्धिमास्थिता जनकादयः । लोकसंग्रहमेवापि सम्पश्यन्कर्तुमर्हसि ॥ २० ॥ यद्यदाचरति श्रेष्ठस्तत्तदेवेतरो जनः । स यत्प्रमाणं कुरुते लोकस्तदनुवर्तते ॥ २१ ॥ न मे पार्थास्ति कर्तव्यं त्रिषु लोकेषु किंचन । नानवाप्तमवाप्तव्यं वर्त एव च कर्मणि ॥ २२ ॥ श्रेयान्स्वधर्मो विगुणः परधर्मात्स्वनुष्ठितात् । स्वधर्मे निधनं श्रेयः परधर्मो भयावहः ॥ ३५ ॥ अर्जुन उवाच ॥ अथ केन प्रयुक्तोऽयं पापं चरति पूरुषः । अनिच्छन्नपि वार्ष्णेय बलादिव नियोजितः ॥ ३६ ॥ श्रीभगवानुवाच ॥ काम एष क्रोध एष रजोगुणसमुद्भवः । महाशनो महापाप्मा विद्ध्येनमिह वैरिणम् ॥ ३७ ॥ धूमेनाव्रियते वह्निर्यथादर्शो मलेन च । यथोल्बेनावृतो गर्भस्तथा तेनेदमावृतम् ॥ ३८ ॥ इन्द्रियाणि पराण्याहुरिन्द्रियेभ्यः परं मनः । मनसस्तु परा बुद्धिर्यो बुद्धेः परतस्तु सः ॥ ४२ ॥ ॐ तत्सदिति कर्मयोगो नाम तृतीयोऽध्यायः ॥ ३ ॥ चतुर्थोऽध्यायः ॥ श्रीभगवानुवाच ॥ इमं विवस्वते योगं प्रोक्तवानहमव्ययम् । विवस्वान्मनवे प्राह मनुरिक्ष्वाकवेऽब्रवीत् ॥ १ ॥ श्रीभगवानुवाच ॥ लोकेऽस्मिन्द्विविधा निष्ठा पुरा प्रोक्ता मयानघ । ज्ञानयोगेन सांख्यानां कर्मयोगेन योगिनाम् ॥ ३ ॥ न कर्मणामनारम्भान्नैष्कर्म्यं पुरुषोऽश्नुते । न च संन्यसनादेव सिद्धिं समधिगच्छति ॥ ४ ॥ न हि कश्चित्क्षणमपि जातु तिष्ठत्यकर्मकृत् । कार्यते ह्यवशः कर्म सर्वः प्रकृतिजैर्गुणैः ॥ ५ ॥ कर्मेन्द्रियाणि संयम्य य आस्ते मनसा स्मरन् । इन्द्रियार्थान्विमूढात्मा मिथ्याचारः स उच्यते ॥ ६ ॥ यस्त्विन्द्रियाणि मनसा नियम्यारभतेऽर्जुन । कर्मेन्द्रियैः कर्मयोगमसक्तः स विशिष्यते ॥ ७ ॥ नियतं कुरु कर्म त्वं कर्म ज्यायो ह्यकर्मणः । शरीरयात्रापि च ते न प्रसिद्ध्येदकर्मणः ॥ ८ ॥ यज्ञार्थात्कर्मणोऽन्यत्र लोकोऽयं कर्मबन्धनः । तदर्थं कर्म कौन्तेय मुक्तसङ्गः समाचर ॥ ९ ॥ सहयज्ञाः प्रजाः सृष्ट्वा पुरोवाच प्रजापतिः । अनेन प्रसविष्यध्वमेष वोऽस्त्विष्टकामधुक् ॥ १० ॥ देवान्भावयतानेन ते देवा भावयन्तु वः । परस्परं भावयन्तः श्रेयः परमवाप्स्यथ ॥ ११ ॥ इष्टान्भोगान्हि वो देवा दास्यन्ते यज्ञभाविताः । तैर्दत्तानप्रदायैभ्यो यो भुङ्क्ते स्तेन एव सः ॥ १२ ॥ यज्ञशिष्टाशिनः सन्तो मुच्यन्ते सर्वकिल्बिषैः । भुञ्जते ते त्वघं पापा ये पचन्त्यात्मकारणात् ॥ १३ ॥ अन्नाद्भवन्ति भूतानि पर्जन्यादन्नसम्भवः । यज्ञाद्भवति पर्जन्यो यज्ञः कर्मसमुद्भवः ॥ १४ ॥ कर्म ब्रह्मोद्भवं विद्धि ब्रह्माक्षरसमुद्भवम् । तस्मात्सर्वगतं ब्रह्म नित्यं यज्ञे प्रतिष्ठितम् ॥ १५ ॥ एवं प्रवर्तितं चक्रं नानुवर्तयतीह यः । अघायुरिन्द्रियारामो मोघं पार्थ स जीवति ॥ १६ ॥ यस्त्वात्मरतिरेव स्यादात्मतृप्तश्च मानवः । आत्मन्येव च संतुष्टस्तस्य कार्यं न विद्यते ॥ १७ ॥ नैव तस्य कृतेनार्थो नाकृतेनेह कश्चन । न चास्य सर्वभूतेषु कश्चिदर्थव्यपाश्रयः ॥ १८ ॥ तस्मादसक्तः सततं कार्यं कर्म समाचर । असक्तो ह्याचरन्कर्म परमाप्नोति पूरुषः ॥ १९ ॥ कर्मणैव हि संसिद्धिमास्थिता जनकादयः । लोकसंग्रहमेवापि सम्पश्यन्कर्तुमर्हसि ॥ २० ॥ यद्यदाचरति श्रेष्ठस्तत्तदेवेतरो जनः । स यत्प्रमाणं कुरुते लोकस्तदनुवर्तते ॥ २१ ॥ न मे पार्थास्ति कर्तव्यं त्रिषु लोकेषु किंचन । नानवाप्तमवाप्तव्यं वर्त एव च कर्मणि ॥ २२ ॥ श्रेयान्स्वधर्मो विगुणः परधर्मात्स्वनुष्ठितात् । स्वधर्मे निधनं श्रेयः परधर्मो भयावहः ॥ ३५ ॥ अर्जुन उवाच ॥ अथ केन प्रयुक्तोऽयं पापं चरति पूरुषः । अनिच्छन्नपि वार्ष्णेय बलादिव नियोजितः ॥ ३६ ॥ श्रीभगवानुवाच ॥ काम एष क्रोध एष रजोगुणसमुद्भवः । महाशनो महापाप्मा विद्ध्येनमिह वैरिणम् ॥ ३७ ॥ धूमेनाव्रियते वह्निर्यथादर्शो मलेन च । यथोल्बेनावृतो गर्भस्तथा तेनेदमावृतम् ॥ ३८ ॥ इन्द्रियाणि पराण्याहुरिन्द्रियेभ्यः परं मनः । मनसस्तु परा बुद्धिर्यो बुद्धेः परतस्तु सः ॥ ४२ ॥ ॐ तत्सदिति कर्मयोगो नाम तृतीयोऽध्यायः ॥ ३ ॥ चतुर्थोऽध्यायः ॥ श्रीभगवानुवाच ॥ इमं विवस्वते योगं प्रोक्तवानहमव्ययम् । विवस्वान्मनवे प्राह मनुरिक्ष्वाकवेऽब्रवीत् ॥ १ ॥ श्रीभगवानुवाच ॥ लोकेऽस्मिन्द्विविधा निष्ठा पुरा प्रोक्ता मयानघ । ज्ञानयोगेन सांख्यानां कर्मयोगेन योगिनाम् ॥ ३ ॥ न कर्मणामनारम्भान्नैष्कर्म्यं पुरुषोऽश्नुते । न च संन्यसनादेव सिद्धिं समधिगच्छति ॥ ४ ॥ न हि कश्चित्क्षणमपि जातु तिष्ठत्यकर्मकृत् । कार्यते ह्यवशः कर्म सर्वः प्रकृतिजैर्गुणैः ॥ ५ ॥ कर्मेन्द्रियाणि संयम्य य आस्ते मनसा स्मरन् । इन्द्रियार्थान्विमूढात्मा मिथ्याचारः स उच्यते ॥ ६ ॥ यस्त्विन्द्रियाणि मनसा नियम्यारभतेऽर्जुन । कर्मेन्द्रियैः कर्मयोगमसक्तः स विशिष्यते ॥ ७ ॥ नियतं कुरु कर्म त्वं कर्म ज्यायो ह्यकर्मणः । शरीरयात्रापि च ते न प्रसिद्ध्येदकर्मणः ॥ ८ ॥ यज्ञार्थात्कर्मणोऽन्यत्र लोकोऽयं कर्मबन्धनः । तदर्थं कर्म कौन्तेय मुक्तसङ्गः समाचर ॥ ९ ॥ सहयज्ञाः प्रजाः सृष्ट्वा पुरोवाच प्रजापतिः । अनेन प्रसविष्यध्वमेष वोऽस्त्विष्टकामधुक् ॥ १० ॥ देवान्भावयतानेन ते देवा भावयन्तु वः । परस्परं भावयन्तः श्रेयः परमवाप्स्यथ ॥ ११ ॥ इष्टान्भोगान्हि वो देवा दास्यन्ते यज्ञभाविताः । तैर्दत्तानप्रदायैभ्यो यो भुङ्क्ते स्तेन एव सः ॥ १२ ॥ यज्ञशिष्टाशिनः सन्तो मुच्यन्ते सर्वकिल्बिषैः । भुञ्जते ते त्वघं पापा ये पचन्त्यात्मकारणात् ॥ १३ ॥ अन्नाद्भवन्ति भूतानि पर्जन्यादन्नसम्भवः । यज्ञाद्भवति पर्जन्यो यज्ञः कर्मसमुद्भवः ॥ १४ ॥ कर्म ब्रह्मोद्भवं विद्धि ब्रह्माक्षरसमुद्भवम् । तस्मात्सर्वगतं ब्रह्म नित्यं यज्ञे प्रतिष्ठितम् ॥ १५ ॥ एवं प्रवर्तितं चक्रं नानुवर्तयतीह यः । अघायुरिन्द्रियारामो मोघं पार्थ स जीवति ॥ १६ ॥ यस्त्वात्मरतिरेव स्यादात्मतृप्तश्च मानवः । आत्मन्येव च संतुष्टस्तस्य कार्यं न विद्यते ॥ १७ ॥ नैव तस्य कृतेनार्थो नाकृतेनेह कश्चन । न चास्य सर्वभूतेषु कश्चिदर्थव्यपाश्रयः ॥ १८ ॥ तस्मादसक्तः सततं कार्यं कर्म समाचर । असक्तो ह्याचरन्कर्म परमाप्नोति पूरुषः ॥ १९ ॥ कर्मणैव हि संसिद्धिमास्थिता जनकादयः । लोकसंग्रहमेवापि सम्पश्यन्कर्तुमर्हसि ॥ २० ॥ यद्यदाचरति श्रेष्ठस्तत्तदेवेतरो जनः । स यत्प्रमाणं कुरुते लोकस्तदनुवर्तते ॥ २१ ॥ न मे पार्थास्ति कर्तव्यं त्रिषु लोकेषु किंचन । नानवाप्तमवाप्तव्यं वर्त एव च कर्मणि ॥ २२ ॥ श्रेयान्स्वधर्मो विगुणः परधर्मात्स्वनुष्ठितात् । स्वधर्मे निधनं श्रेयः परधर्मो भयावहः ॥ ३५ ॥ अर्जुन उवाच ॥ अथ केन प्रयुक्तोऽयं पापं चरति पूरुषः । अनिच्छन्नपि वार्ष्णेय बलादिव नियोजितः ॥ ३६ ॥ श्रीभगवानुवाच ॥ काम एष क्रोध एष रजोगुणसमुद्भवः । महाशनो महापाप्मा विद्ध्येनमिह वैरिणम् ॥ ३७ ॥ धूमेनाव्रियते वह्निर्यथादर्शो मलेन च । यथोल्बेनावृतो गर्भस्तथा तेनेदमावृतम् ॥ ३८ ॥ इन्द्रियाणि पराण्याहुरिन्द्रियेभ्यः परं मनः । मनसस्तु परा बुद्धिर्यो बुद्धेः परतस्तु सः ॥ ४२ ॥ ॐ तत्सदिति कर्मयोगो नाम तृतीयोऽध्यायः ॥ ३ ॥ चतुर्थोऽध्यायः ॥ श्रीभगवानुवाच ॥ इमं विवस्वते योगं प्रोक्तवानहमव्ययम् । विवस्वान्मनवे प्राह मनुरिक्ष्वाकवेऽब्रवीत् ॥ १ ॥ श्रीभगवानुवाच ॥ लोकेऽस्मिन्द्विविधा निष्ठा पुरा प्रोक्ता मयानघ । ज्ञानयोगेन सांख्यानां कर्मयोगेन योगिनाम् ॥ ३ ॥ न कर्मणामनारम्भान्नैष्कर्म्यं पुरुषोऽश्नुते । न च संन्यसनादेव सिद्धिं समधिगच्छति ॥ ४ ॥ न हि कश्चित्क्षणमपि जातु तिष्ठत्यकर्मकृत् । कार्यते ह्यवशः कर्म सर्वः प्रकृतिजैर्गुणैः ॥ ५ ॥ कर्मेन्द्रियाणि संयम्य य आस्ते मनसा स्मरन् । इन्द्रियार्थान्विमूढात्मा मिथ्याचारः स उच्यते ॥ ६ ॥ यस्त्विन्द्रियाणि मनसा नियम्यारभतेऽर्जुन । कर्मेन्द्रियैः कर्मयोगमसक्तः स विशिष्यते ॥ ७ ॥ नियतं कुरु कर्म त्वं कर्म ज्यायो ह्यकर्मणः । शरीरयात्रापि च ते न प्रसिद्ध्येदकर्मणः ॥ ८ ॥ यज्ञार्थात्कर्मणोऽन्यत्र लोकोऽयं कर्मबन्धनः । तदर्थं कर्म कौन्तेय मुक्तसङ्गः समाचर ॥ ९ ॥ सहयज्ञाः प्रजाः सृष्ट्वा पुरोवाच प्रजापतिः । अनेन प्रसविष्यध्वमेष वोऽस्त्विष्टकामधुक् ॥ १० ॥ देवान्भावयतानेन ते देवा भावयन्तु वः । परस्परं भावयन्तः श्रेयः परमवाप्स्यथ ॥ ११ ॥ इष्टान्भोगान्हि वो देवा दास्यन्ते यज्ञभाविताः । तैर्दत्तानप्रदायैभ्यो यो भुङ्क्ते स्तेन एव सः ॥ १२ ॥ यज्ञशिष्टाशिनः सन्तो मुच्यन्ते सर्वकिल्बिषैः । भुञ्जते ते त्वघं पापा ये पचन्त्यात्मकारणात् ॥ १३ ॥ अन्नाद्भवन्ति भूतानि पर्जन्यादन्नसम्भवः । यज्ञाद्भवति पर्जन्यो यज्ञः कर्मसमुद्भवः ॥ १४ ॥ कर्म ब्रह्मोद्भवं विद्धि ब्रह्माक्षरसमुद्भवम् । तस्मात्सर्वगतं ब्रह्म नित्यं यज्ञे प्रतिष्ठितम् ॥ १५ ॥ एवं प्रवर्तितं चक्रं नानुवर्तयतीह यः । अघायुरिन्द्रियारामो मोघं पार्थ स जीवति ॥ १६ ॥ यस्त्वात्मरतिरेव स्यादात्मतृप्तश्च मानवः । आत्मन्येव च संतुष्टस्तस्य कार्यं न विद्यते ॥ १७ ॥ नैव तस्य कृतेनार्थो नाकृतेनेह कश्चन । न चास्य सर्वभूतेषु कश्चिदर्थव्यपाश्रयः ॥ १८ ॥ तस्मादसक्तः सततं कार्यं कर्म समाचर । असक्तो ह्याचरन्कर्म परमाप्नोति पूरुषः ॥ १९ ॥ कर्मणैव हि संसिद्धिमास्थिता जनकादयः । लोकसंग्रहमेवापि सम्पश्यन्कर्तुमर्हसि ॥ २० ॥ यद्यदाचरति श्रेष्ठस्तत्तदेवेतरो जनः । स यत्प्रमाणं कुरुते लोकस्तदनुवर्तते ॥ २१ ॥ न मे पार्थास्ति कर्तव्यं त्रिषु लोकेषु किंचन । नानवाप्तमवाप्तव्यं वर्त एव च कर्मणि ॥ २२ ॥ श्रेयान्स्वधर्मो विगुणः परधर्मात्स्वनुष्ठितात् । स्वधर्मे निधनं श्रेयः परधर्मो भयावहः ॥ ३५ ॥ अर्जुन उवाच ॥ अथ केन प्रयुक्तोऽयं पापं चरति पूरुषः । अनिच्छन्नपि वार्ष्णेय बलादिव नियोजितः ॥ ३६ ॥ श्रीभगवानुवाच ॥ काम एष क्रोध एष रजोगुणसमुद्भवः । महाशनो महापाप्मा विद्ध्येनमिह वैरिणम् ॥ ३७ ॥ धूमेनाव्रियते वह्निर्यथादर्शो मलेन च । यथोल्बेनावृतो गर्भस्तथा तेनेदमावृतम् ॥ ३८ ॥ इन्द्रियाणि पराण्याहुरिन्द्रियेभ्यः परं मनः । मनसस्तु परा बुद्धिर्यो बुद्धेः परतस्तु सः ॥ ४२ ॥ ॐ तत्सदिति कर्मयोगो नाम तृतीयोऽध्यायः ॥ ३ ॥ चतुर्थोऽध्यायः ॥ श्रीभगवानुवाच ॥ इमं विवस्वते योगं प्रोक्तवानहमव्ययम् । विवस्वान्मनवे प्राह मनुरिक्ष्वाकवेऽब्रवीत् ॥ १ ॥
यदा यदा हि धर्मस्य ग्लानिर्भवति भारत । अभ्युत्थानमधर्मस्य तदात्मानं सृजाम्यहम् ॥ ७ ॥ परित्राणाय साधूनां विनाशाय च दुष्कृताम् । धर्मसंस्थापनार्थाय सम्भवामि युगे युगे ॥ ८ ॥ जन्म कर्म च मे दिव्यमेवं यो वेत्ति तत्त्वतः । त्यक्त्वा देहं पुनर्जन्म नैति मामेति सोऽर्जुन ॥ ९ ॥ वीतरागभयक्रोधा मन्मया मामुपाश्रिताः । बहवो ज्ञानतपसा पूता मद्भावमागताः ॥ १० ॥ ये यथा मां प्रपद्यन्ते तांस्तथैव भजाम्यहम् । मम वर्त्मानुवर्तन्ते मनुष्याः पार्थ सर्वशः ॥ ११ ॥ चातुर्वर्ण्यं मया सृष्टं गुणकर्मविभागशः । तस्य कर्तारमपि मां विद्ध्यकर्तारमव्ययम् ॥ १३ ॥ न मां कर्माणि लिम्पन्ति न मे कर्मफले स्पृहा । इति मां योऽभिजानाति कर्मभिर्न स बध्यते ॥ १४ ॥ कर्मण्यकर्म यः पश्येदकर्मणि च कर्म यः । स बुद्धिमान्मनुष्येषु स युक्तः कृत्स्नकर्मकृत् ॥ १८ ॥ यस्य सर्वे समारम्भाः कामसंकल्पवर्जिताः । ज्ञानाग्निदग्धकर्माणं तमाहुः पण्डितं बुधाः ॥ १९ ॥ ब्रह्मार्पणं ब्रह्म हविर्ब्रह्माग्नौ ब्रह्मणा हुतम् । ब्रह्मैव तेन गन्तव्यं ब्रह्मकर्मसमाधिना ॥ २४ ॥ तद्विद्धि प्रणिपातेन परिप्रश्नेन सेवया । उपदेक्ष्यन्ति ते ज्ञानं ज्ञानिनस्तत्त्वदर्शिनः ॥ ३४ ॥ न हि ज्ञानेन सदृशं पवित्रमिह विद्यते । तत्स्वयं योगसंसिद्धः कालेनात्मनि विन्दति ॥ ३८ ॥ श्रद्धावाँल्लभते ज्ञानं तत्परः संयतेन्द्रियः । ज्ञानं लब्ध्वा परां शान्तिमचिरेणाधिगच्छति ॥ ३९ ॥ ॐ तत्सदिति ज्ञानकर्मसंन्यासयोगो नाम चतुर्थोऽध्यायः ॥ ४ ॥ पञ्चमोऽध्यायः ॥ अर्जुन उवाच ॥ संन्यासं कर्मणां कृष्ण पुनर्योगं च शंससि । यच्छ्रेय एतयोरेकं तन्मे ब्रूहि सुनिश्चितम् ॥ १ ॥ श्रीभगवानुवाच ॥ संन्यासः कर्मयोगश्च निःश्रेयसकरावुभौ । तयोस्तु कर्मसंन्यासात्कर्मयोगो विशिष्यते ॥ २ ॥ ज्ञेयः स नित्यसंन्यासी यो न द्वेष्टि न काङ्क्षति । निर्द्वन्द्वो हि महाबाहो सुखं बन्धात्प्रमुच्यते ॥ ३ ॥ ब्रह्मण्याधाय कर्माणि सङ्गं त्यक्त्वा करोति यः । लिप्यते न स पापेन पद्मपत्रमिवाम्भसा ॥ १० ॥ विद्याविनयसम्पन्ने ब्राह्मणे गवि हस्तिनि । शुनि चैव श्वपाके च पण्डिताः समदर्शिनः ॥ १८ ॥ ॐ तत्सदिति कर्मसंन्यासयोगो नाम पञ्चमोऽध्यायः ॥ ५ ॥ षष्ठोऽध्यायः ॥ श्रीभगवानुवाच ॥ अनाश्रितः कर्मफलं कार्यं कर्म करोति यः । स संन्यासी च योगी च न निरग्निर्न चाक्रियः ॥ १ ॥ उद्धरेदात्मनात्मानं नात्मानमवसादयेत् । आत्मैव ह्यात्मनो बन्धुरात्मैव रिपुरात्मनः ॥ ५ ॥ यथा दीपो निवातस्थो नेङ्गते सोपमा स्मृता । योगिनो यतचित्तस्य युञ्जतो योगमात्मनः ॥ १९ ॥ यदा यदा हि धर्मस्य ग्लानिर्भवति भारत । अभ्युत्थानमधर्मस्य तदात्मानं सृजाम्यहम् ॥ ७ ॥ परित्राणाय साधूनां विनाशाय च दुष्कृताम् । धर्मसंस्थापनार्थाय सम्भवामि युगे युगे ॥ ८ ॥ जन्म कर्म च मे दिव्यमेवं यो वेत्ति तत्त्वतः । त्यक्त्वा देहं पुनर्जन्म नैति मामेति सोऽर्जुन ॥ ९ ॥ वीतरागभयक्रोधा मन्मया मामुपाश्रिताः । बहवो ज्ञानतपसा पूता मद्भावमागताः ॥ १० ॥ ये यथा मां प्रपद्यन्ते तांस्तथैव भजाम्यहम् । मम वर्त्मानुवर्तन्ते मनुष्याः पार्थ सर्वशः ॥ ११ ॥ चातुर्वर्ण्यं मया सृष्टं गुणकर्मविभागशः । तस्य कर्तारमपि मां विद्ध्यकर्तारमव्ययम् ॥ १३ ॥ न मां कर्माणि लिम्पन्ति न मे कर्मफले स्पृहा । इति मां योऽभिजानाति कर्मभिर्न स बध्यते ॥ १४ ॥ कर्मण्यकर्म यः पश्येदकर्मणि च कर्म यः । स बुद्धिमान्मनुष्येषु स युक्तः कृत्स्नकर्मकृत् ॥ १८ ॥ यस्य सर्वे समारम्भाः कामसंकल्पवर्जिताः । ज्ञानाग्निदग्धकर्माणं तमाहुः पण्डितं बुधाः ॥ १९ ॥ ब्रह्मार्पणं ब्रह्म हविर्ब्रह्माग्नौ ब्रह्मणा हुतम् । ब्रह्मैव तेन गन्तव्यं ब्रह्मकर्मसमाधिना ॥ २४ ॥ तद्विद्धि प्रणिपातेन परिप्रश्नेन सेवया । उपदेक्ष्यन्ति ते ज्ञानं ज्ञानिनस्तत्त्वदर्शिनः ॥ ३४ ॥ न हि ज्ञानेन सदृशं पवित्रमिह विद्यते । तत्स्वयं योगसंसिद्धः कालेनात्मनि विन्दति ॥ ३८ ॥ श्रद्धावाँल्लभते ज्ञानं तत्परः संयतेन्द्रियः । ज्ञानं लब्ध्वा परां शान्तिमचिरेणाधिगच्छति ॥ ३९ ॥ ॐ तत्सदिति ज्ञानकर्मसंन्यासयोगो नाम चतुर्थोऽध्यायः ॥ ४ ॥ पञ्चमोऽध्यायः ॥ अर्जुन उवाच ॥ संन्यासं कर्मणां कृष्ण पुनर्योगं च शंससि । यच्छ्रेय एतयोरेकं तन्मे ब्रूहि सुनिश्चितम् ॥ १ ॥ श्रीभगवानुवाच ॥ संन्यासः कर्मयोगश्च निःश्रेयसकरावुभौ । तयोस्तु कर्मसंन्यासात्कर्मयोगो विशिष्यते ॥ २ ॥ ज्ञेयः स नित्यसंन्यासी यो न द्वेष्टि न काङ्क्षति । निर्द्वन्द्वो हि महाबाहो सुखं बन्धात्प्रमुच्यते ॥ ३ ॥ ब्रह्मण्याधाय कर्माणि सङ्गं त्यक्त्वा करोति यः । लिप्यते न स पापेन पद्मपत्रमिवाम्भसा ॥ १० ॥ विद्याविनयसम्पन्ने ब्राह्मणे गवि हस्तिनि । शुनि चैव श्वपाके च पण्डिताः समदर्शिनः ॥ १८ ॥ ॐ तत्सदिति कर्मसंन्यासयोगो नाम पञ्चमोऽध्यायः ॥ ५ ॥ षष्ठोऽध्यायः ॥ श्रीभगवानुवाच ॥ अनाश्रितः कर्मफलं कार्यं कर्म करोति यः । स संन्यासी च योगी च न निरग्निर्न चाक्रियः ॥ १ ॥ उद्धरेदात्मनात्मानं नात्मानमवसादयेत् । आत्मैव ह्यात्मनो बन्धुरात्मैव रिपुरात्मनः ॥ ५ ॥ यथा दीपो निवातस्थो नेङ्गते सोपमा स्मृता । योगिनो यतचित्तस्य युञ्जतो योगमात्मनः ॥ १९ ॥ यदा यदा हि धर्मस्य ग्लानिर्भवति भारत । अभ्युत्थानमधर्मस्य तदात्मानं सृजाम्यहम् ॥ ७ ॥ परित्राणाय साधूनां विनाशाय च दुष्कृताम् । धर्मसंस्थापनार्थाय सम्भवामि युगे युगे ॥ ८ ॥ जन्म कर्म च मे दिव्यमेवं यो वेत्ति तत्त्वतः । त्यक्त्वा देहं पुनर्जन्म नैति मामेति सोऽर्जुन ॥ ९ ॥ वीतरागभयक्रोधा मन्मया मामुपाश्रिताः । बहवो ज्ञानतपसा पूता मद्भावमागताः ॥ १० ॥ ये यथा मां प्रपद्यन्ते तांस्तथैव भजाम्यहम् । मम वर्त्मानुवर्तन्ते मनुष्याः पार्थ सर्वशः ॥ ११ ॥ चातुर्वर्ण्यं मया सृष्टं गुणकर्मविभागशः । तस्य कर्तारमपि मां विद्ध्यकर्तारमव्ययम् ॥ १३ ॥ न मां कर्माणि लिम्पन्ति न मे कर्मफले स्पृहा । इति मां योऽभिजानाति कर्मभिर्न स बध्यते ॥ १४ ॥ कर्मण्यकर्म यः पश्येदकर्मणि च कर्म यः । स बुद्धिमान्मनुष्येषु स युक्तः कृत्स्नकर्मकृत् ॥ १८ ॥ यस्य सर्वे समारम्भाः कामसंकल्पवर्जिताः । ज्ञानाग्निदग्धकर्माणं तमाहुः पण्डितं बुधाः ॥ १९ ॥ ब्रह्मार्पणं ब्रह्म हविर्ब्रह्माग्नौ ब्रह्मणा हुतम् । ब्रह्मैव तेन गन्तव्यं ब्रह्मकर्मसमाधिना ॥ २४ ॥ तद्विद्धि प्रणिपातेन परिप्रश्नेन सेवया । उपदेक्ष्यन्ति ते ज्ञानं ज्ञानिनस्तत्त्वदर्शिनः ॥ ३४ ॥ न हि ज्ञानेन सदृशं पवित्रमिह विद्यते । तत्स्वयं योगसंसिद्धः कालेनात्मनि विन्दति ॥ ३८ ॥ श्रद्धावाँल्लभते ज्ञानं तत्परः संयतेन्द्रियः । ज्ञानं लब्ध्वा परां शान्तिमचिरेणाधिगच्छति ॥ ३९ ॥ ॐ तत्सदिति ज्ञानकर्मसंन्यासयोगो नाम चतुर्थोऽध्यायः ॥ ४ ॥ पञ्चमोऽध्यायः ॥ अर्जुन उवाच ॥ संन्यासं कर्मणां कृष्ण पुनर्योगं च शंससि । यच्छ्रेय एतयोरेकं तन्मे ब्रूहि सुनिश्चितम् ॥ १ ॥ श्रीभगवानुवाच ॥ संन्यासः कर्मयोगश्च निःश्रेयसकरावुभौ । तयोस्तु कर्मसंन्यासात्कर्मयोगो विशिष्यते ॥ २ ॥ ज्ञेयः स नित्यसंन्यासी यो न द्वेष्टि न काङ्क्षति । निर्द्वन्द्वो हि महाबाहो सुखं बन्धात्प्रमुच्यते ॥ ३ ॥ ब्रह्मण्याधाय कर्माणि सङ्गं त्यक्त्वा करोति यः । लिप्यते न स पापेन पद्मपत्रमिवाम्भसा ॥ १० ॥ विद्याविनयसम्पन्ने ब्राह्मणे गवि हस्तिनि । शुनि चैव श्वपाके च पण्डिताः समदर्शिनः ॥ १८ ॥ ॐ तत्सदिति कर्मसंन्यासयोगो नाम पञ्चमोऽध्यायः ॥ ५ ॥ षष्ठोऽध्यायः ॥ श्रीभगवानुवाच ॥ अनाश्रितः कर्मफलं कार्यं कर्म करोति यः । स संन्यासी च योगी च न निरग्निर्न चाक्रियः ॥ १ ॥ उद्धरेदात्मनात्मानं नात्मानमवसादयेत् । आत्मैव ह्यात्मनो बन्धुरात्मैव रिपुरात्मनः ॥ ५ ॥ यथा दीपो निवातस्थो नेङ्गते सोपमा स्मृता । योगिनो यतचित्तस्य युञ्जतो योगमात्मनः ॥ १९ ॥ यदा यदा हि धर्मस्य ग्लानिर्भवति भारत । अभ्युत्थानमधर्मस्य तदात्मानं सृजाम्यहम् ॥ ७ ॥ परित्राणाय साधूनां विनाशाय च दुष्कृताम् । धर्मसंस्थापनार्थाय सम्भवामि युगे युगे ॥ ८ ॥ जन्म कर्म च मे दिव्यमेवं यो वेत्ति तत्त्वतः । त्यक्त्वा देहं पुनर्जन्म नैति मामेति सोऽर्जुन ॥ ९ ॥ वीतरागभयक्रोधा मन्मया मामुपाश्रिताः । बहवो ज्ञानतपसा पूता मद्भावमागताः ॥ १० ॥ ये यथा मां प्रपद्यन्ते तांस्तथैव भजाम्यहम् । मम वर्त्मानुवर्तन्ते मनुष्याः पार्थ सर्वशः ॥ ११ ॥ चातुर्वर्ण्यं मया सृष्टं गुणकर्मविभागशः । तस्य कर्तारमपि मां विद्ध्यकर्तारमव्ययम् ॥ १३ ॥ न मां कर्माणि लिम्पन्ति न मे कर्मफले स्पृहा । इति मां योऽभिजानाति कर्मभिर्न स बध्यते ॥ १४ ॥ कर्मण्यकर्म यः पश्येदकर्मणि च कर्म यः । स बुद्धिमान्मनुष्येषु स युक्तः कृत्स्नकर्मकृत् ॥ १८ ॥ यस्य सर्वे समारम्भाः कामसंकल्पवर्जिताः । ज्ञानाग्निदग्धकर्माणं तमाहुः पण्डितं बुधाः ॥ १९ ॥ ब्रह्मार्पणं ब्रह्म हविर्ब्रह्माग्नौ ब्रह्मणा हुतम् । ब्रह्मैव तेन गन्तव्यं ब्रह्मकर्मसमाधिना ॥ २४ ॥ तद्विद्धि प्रणिपातेन परिप्रश्नेन सेवया । उपदेक्ष्यन्ति ते ज्ञानं ज्ञानिनस्तत्त्वदर्शिनः ॥ ३४ ॥ न हि ज्ञानेन सदृशं पवित्रमिह विद्यते । तत्स्वयं योगसंसिद्धः कालेनात्मनि विन्दति ॥ ३८ ॥ श्रद्धावाँल्लभते ज्ञानं तत्परः संयतेन्द्रियः । ज्ञानं लब्ध्वा परां शान्तिमचिरेणाधिगच्छति ॥ ३९ ॥ ॐ तत्सदिति ज्ञानकर्मसंन्यासयोगो नाम चतुर्थोऽध्यायः ॥ ४ ॥ पञ्चमोऽध्यायः ॥ अर्जुन उवाच ॥ संन्यासं कर्मणां कृष्ण पुनर्योगं च शंससि । यच्छ्रेय एतयोरेकं तन्मे ब्रूहि सुनिश्चितम् ॥ १ ॥ श्रीभगवानुवाच ॥ संन्यासः कर्मयोगश्च निःश्रेयसकरावुभौ । तयोस्तु कर्मसंन्यासात्कर्मयोगो विशिष्यते ॥ २ ॥ ज्ञेयः स नित्यसंन्यासी यो न द्वेष्टि न काङ्क्षति । निर्द्वन्द्वो हि महाबाहो सुखं बन्धात्प्रमुच्यते ॥ ३ ॥ ब्रह्मण्याधाय कर्माणि सङ्गं त्यक्त्वा करोति यः । लिप्यते न स पापेन पद्मपत्रमिवाम्भसा ॥ १० ॥ विद्याविनयसम्पन्ने ब्राह्मणे गवि हस्तिनि । शुनि चैव श्वपाके च पण्डिताः समदर्शिनः ॥ १८ ॥ ॐ तत्सदिति कर्मसंन्यासयोगो नाम पञ्चमोऽध्यायः ॥ ५ ॥ षष्ठोऽध्यायः ॥ श्रीभगवानुवाच ॥ अनाश्रितः कर्मफलं कार्यं कर्म करोति यः । स संन्यासी च योगी च न निरग्निर्न चाक्रियः ॥ १ ॥ उद्धरेदात्मनात्मानं नात्मानमवसादयेत् । आत्मैव ह्यात्मनो बन्धुरात्मैव रिपुरात्मनः ॥ ५ ॥ यथा दीपो निवातस्थो नेङ्गते सोपमा स्मृता । योगिनो यतचित्तस्य युञ्जतो योगमात्मनः ॥ १९ ॥
सप्तमोऽध्यायः ॥ श्रीभगवानुवाच ॥ मय्यासक्तमनाः पार्थ योगं युञ्जन्मदाश्रयः । असंशयं समग्रं मां यथा ज्ञास्यसि तच्छृणु ॥ १ ॥ भूमिरापोऽनलो वायुः खं मनो बुद्धिरेव च । अहंकार इतीयं मे भिन्ना प्रकृतिरष्टधा ॥ ४ ॥ मत्तः परतरं नान्यत्किंचिदस्ति धनंजय । मयि सर्वमिदं प्रोतं सूत्रे मणिगणा इव ॥ ७ ॥ रसोऽहमप्सु कौन्तेय प्रभास्मि शशिसूर्ययोः । प्रणवः सर्ववेदेषु शब्दः खे पौरुषं नृषु ॥ ८ ॥ दैवी ह्येषा गुणमयी मम माया दुरत्यया । मामेव ये प्रपद्यन्ते मायामेतां तरन्ति ते ॥ १४ ॥ चतुर्विधा भजन्ते मां जनाः सुकृतिनोऽर्जुन । आर्तो जिज्ञासुरर्थार्थी ज्ञानी च भरतर्षभ ॥ १६ ॥ बहूनां जन्मनामन्ते ज्ञानवान्मां प्रपद्यते । वासुदेवः सर्वमिति स महात्मा सुदुर्लभः ॥ १९ ॥ ॐ तत्सदिति ज्ञानविज्ञानयोगो नाम सप्तमोऽध्यायः ॥ ७ ॥ अष्टमोऽध्यायः ॥ अर्जुन उवाच ॥ किं तद्ब्रह्म किमध्यात्मं किं कर्म पुरुषोत्तम । अधिभूतं च किं प्रोक्तमधिदैवं किमुच्यते ॥ १ ॥ श्रीभगवानुवाच ॥ अक्षरं ब्रह्म परमं स्वभावोऽध्यात्ममुच्यते । भूतभावोद्भवकरो विसर्गः कर्मसंज्ञितः ॥ ३ ॥ अन्तकाले च मामेव स्मरन्मुक्त्वा कलेवरम् । यः प्रयाति स मद्भावं याति नास्त्यत्र संशयः ॥ ५ ॥ तस्मात्सर्वेषु कालेषु मामनुस्मर युध्य च । मय्यर्पितमनोबुद्धिर्मामेवैष्यस्यसंशयम् ॥ ७ ॥ ॐ तत्सदिति अक्षरब्रह्मयोगो नाम अष्टमोऽध्यायः ॥ ८ ॥ नवमोऽध्यायः ॥ श्रीभगवानुवाच ॥ इदं तु ते गुह्यतमं प्रवक्ष्याम्यनसूयवे । ज्ञानं विज्ञानसहितं यज्ज्ञात्वा मोक्ष्यसेऽशुभात् ॥ १ ॥ पत्रं पुष्पं फलं तोयं यो मे भक्त्या प्रयच्छति । तदहं भक्त्युपहृतमश्नामि प्रयतात्मनः ॥ २६ ॥ मन्मना भव मद्भक्तो मद्याजी मां नमस्कुरु । मामेवैष्यसि युक्त्वैवमात्मानं मत्परायणः ॥ ३४ ॥ ॐ तत्सदिति राजविद्याराजगुह्ययोगो नाम नवमोऽध्यायः ॥ ९ ॥ दशमोऽध्यायः ॥ अहमात्मा गुडाकेश सर्वभूताशयस्थितः । अहमादिश्च मध्यं च भूतानामन्त एव च ॥ २० ॥ सप्तमोऽध्यायः ॥ श्रीभगवानुवाच ॥ मय्यासक्तमनाः पार्थ योगं युञ्जन्मदाश्रयः । असंशयं समग्रं मां यथा ज्ञास्यसि तच्छृणु ॥ १ ॥ भूमिरापोऽनलो वायुः खं मनो बुद्धिरेव च । अहंकार इतीयं मे भिन्ना प्रकृतिरष्टधा ॥ ४ ॥ मत्तः परतरं नान्यत्किंचिदस्ति धनंजय । मयि सर्वमिदं प्रोतं सूत्रे मणिगणा इव ॥ ७ ॥ रसोऽहमप्सु कौन्तेय प्रभास्मि शशिसूर्ययोः । प्रणवः सर्ववेदेषु शब्दः खे पौरुषं नृषु ॥ ८ ॥ दैवी ह्येषा गुणमयी मम माया दुरत्यया । मामेव ये प्रपद्यन्ते मायामेतां तरन्ति ते ॥ १४ ॥ चतुर्विधा भजन्ते मां जनाः सुकृतिनोऽर्जुन । आर्तो जिज्ञासुरर्थार्थी ज्ञानी च भरतर्षभ ॥ १६ ॥ बहूनां जन्मनामन्ते ज्ञानवान्मां प्रपद्यते । वासुदेवः सर्वमिति स महात्मा सुदुर्लभः ॥ १९ ॥ ॐ तत्सदिति ज्ञानविज्ञानयोगो नाम सप्तमोऽध्यायः ॥ ७ ॥ अष्टमोऽध्यायः ॥ अर्जुन उवाच ॥ किं तद्ब्रह्म किमध्यात्मं किं कर्म पुरुषोत्तम । अधिभूतं च किं प्रोक्तमधिदैवं किमुच्यते ॥ १ ॥ श्रीभगवानुवाच ॥ अक्षरं ब्रह्म परमं स्वभावोऽध्यात्ममुच्यते । भूतभावोद्भवकरो विसर्गः कर्मसंज्ञितः ॥ ३ ॥ अन्तकाले च मामेव स्मरन्मुक्त्वा कलेवरम् । यः प्रयाति स मद्भावं याति नास्त्यत्र संशयः ॥ ५ ॥ तस्मात्सर्वेषु कालेषु मामनुस्मर युध्य च । मय्यर्पितमनोबुद्धिर्मामेवैष्यस्यसंशयम् ॥ ७ ॥ ॐ तत्सदिति अक्षरब्रह्मयोगो नाम अष्टमोऽध्यायः ॥ ८ ॥ नवमोऽध्यायः ॥ श्रीभगवानुवाच ॥ इदं तु ते गुह्यतमं प्रवक्ष्याम्यनसूयवे । ज्ञानं विज्ञानसहितं यज्ज्ञात्वा मोक्ष्यसेऽशुभात् ॥ १ ॥ पत्रं पुष्पं फलं तोयं यो मे भक्त्या प्रयच्छति । तदहं भक्त्युपहृतमश्नामि प्रयतात्मनः ॥ २६ ॥ मन्मना भव मद्भक्तो मद्याजी मां नमस्कुरु । मामेवैष्यसि युक्त्वैवमात्मानं मत्परायणः ॥ ३४ ॥ ॐ तत्सदिति राजविद्याराजगुह्ययोगो नाम नवमोऽध्यायः ॥ ९ ॥ दशमोऽध्यायः ॥ अहमात्मा गुडाकेश सर्वभूताशयस्थितः । अहमादिश्च मध्यं च भूतानामन्त एव च ॥ २० ॥ सप्तमोऽध्यायः ॥ श्रीभगवानुवाच ॥ मय्यासक्तमनाः पार्थ योगं युञ्जन्मदाश्रयः । असंशयं समग्रं मां यथा ज्ञास्यसि तच्छृणु ॥ १ ॥ भूमिरापोऽनलो वायुः खं मनो बुद्धिरेव च । अहंकार इतीयं मे भिन्ना प्रकृतिरष्टधा ॥ ४ ॥ मत्तः परतरं नान्यत्किंचिदस्ति धनंजय । मयि सर्वमिदं प्रोतं सूत्रे मणिगणा इव ॥ ७ ॥ रसोऽहमप्सु कौन्तेय प्रभास्मि शशिसूर्ययोः । प्रणवः सर्ववेदेषु शब्दः खे पौरुषं नृषु ॥ ८ ॥ दैवी ह्येषा गुणमयी मम माया दुरत्यया । मामेव ये प्रपद्यन्ते मायामेतां तरन्ति ते ॥ १४ ॥ चतुर्विधा भजन्ते मां जनाः सुकृतिनोऽर्जुन । आर्तो जिज्ञासुरर्थार्थी ज्ञानी च भरतर्षभ ॥ १६ ॥ बहूनां जन्मनामन्ते ज्ञानवान्मां प्रपद्यते । वासुदेवः सर्वमिति स महात्मा सुदुर्लभः ॥ १९ ॥ ॐ तत्सदिति ज्ञानविज्ञानयोगो नाम सप्तमोऽध्यायः ॥ ७ ॥ अष्टमोऽध्यायः ॥ अर्जुन उवाच ॥ किं तद्ब्रह्म किमध्यात्मं किं कर्म पुरुषोत्तम । अधिभूतं च किं प्रोक्तमधिदैवं किमुच्यते ॥ १ ॥ श्रीभगवानुवाच ॥ अक्षरं ब्रह्म परमं स्वभावोऽध्यात्ममुच्यते । भूतभावोद्भवकरो विसर्गः कर्मसंज्ञितः ॥ ३ ॥ अन्तकाले च मामेव स्मरन्मुक्त्वा कलेवरम् । यः प्रयाति स मद्भावं याति नास्त्यत्र संशयः ॥ ५ ॥ तस्मात्सर्वेषु कालेषु मामनुस्मर युध्य च । मय्यर्पितमनोबुद्धिर्मामेवैष्यस्यसंशयम् ॥ ७ ॥ ॐ तत्सदिति अक्षरब्रह्मयोगो नाम अष्टमोऽध्यायः ॥ ८ ॥ नवमोऽध्यायः ॥ श्रीभगवानुवाच ॥ इदं तु ते गुह्यतमं प्रवक्ष्याम्यनसूयवे । ज्ञानं विज्ञानसहितं यज्ज्ञात्वा मोक्ष्यसेऽशुभात् ॥ १ ॥ पत्रं पुष्पं फलं तोयं यो मे भक्त्या प्रयच्छति । तदहं भक्त्युपहृतमश्नामि प्रयतात्मनः ॥ २६ ॥ मन्मना भव मद्भक्तो मद्याजी मां नमस्कुरु । मामेवैष्यसि युक्त्वैवमात्मानं मत्परायणः ॥ ३४ ॥ ॐ तत्सदिति राजविद्याराजगुह्ययोगो नाम नवमोऽध्यायः ॥ ९ ॥ दशमोऽध्यायः ॥ अहमात्मा गुडाकेश सर्वभूताशयस्थितः । अहमादिश्च मध्यं च भूतानामन्त एव च ॥ २० ॥ सप्तमोऽध्यायः ॥ श्रीभगवानुवाच ॥ मय्यासक्तमनाः पार्थ योगं युञ्जन्मदाश्रयः । असंशयं समग्रं मां यथा ज्ञास्यसि तच्छृणु ॥ १ ॥ भूमिरापोऽनलो वायुः खं मनो बुद्धिरेव च । अहंकार इतीयं मे भिन्ना प्रकृतिरष्टधा ॥ ४ ॥ मत्तः परतरं नान्यत्किंचिदस्ति धनंजय । मयि सर्वमिदं प्रोतं सूत्रे मणिगणा इव ॥ ७ ॥ रसोऽहमप्सु कौन्तेय प्रभास्मि शशिसूर्ययोः । प्रणवः सर्ववेदेषु शब्दः खे पौरुषं नृषु ॥ ८ ॥ दैवी ह्येषा गुणमयी मम माया दुरत्यया । मामेव ये प्रपद्यन्ते मायामेतां तरन्ति ते ॥ १४ ॥ चतुर्विधा भजन्ते मां जनाः सुकृतिनोऽर्जुन । आर्तो जिज्ञासुरर्थार्थी ज्ञानी च भरतर्षभ ॥ १६ ॥ बहूनां जन्मनामन्ते ज्ञानवान्मां प्रपद्यते । वासुदेवः सर्वमिति स महात्मा सुदुर्लभः ॥ १९ ॥ ॐ तत्सदिति ज्ञानविज्ञानयोगो नाम सप्तमोऽध्यायः ॥ ७ ॥ अष्टमोऽध्यायः ॥ अर्जुन उवाच ॥ किं तद्ब्रह्म किमध्यात्मं किं कर्म पुरुषोत्तम । अधिभूतं च किं प्रोक्तमधिदैवं किमुच्यते ॥ १ ॥ श्रीभगवानुवाच ॥ अक्षरं ब्रह्म परमं स्वभावोऽध्यात्ममुच्यते । भूतभावोद्भवकरो विसर्गः कर्मसंज्ञितः ॥ ३ ॥ अन्तकाले च मामेव स्मरन्मुक्त्वा कलेवरम् । यः प्रयाति स मद्भावं याति नास्त्यत्र संशयः ॥ ५ ॥ तस्मात्सर्वेषु कालेषु मामनुस्मर युध्य च । मय्यर्पितमनोबुद्धिर्मामेवैष्यस्यसंशयम् ॥ ७ ॥ ॐ तत्सदिति अक्षरब्रह्मयोगो नाम अष्टमोऽध्यायः ॥ ८ ॥ नवमोऽध्यायः ॥ श्रीभगवानुवाच ॥ इदं तु ते गुह्यतमं प्रवक्ष्याम्यनसूयवे । ज्ञानं विज्ञानसहितं यज्ज्ञात्वा मोक्ष्यसेऽशुभात् ॥ १ ॥ पत्रं पुष्पं फलं तोयं यो मे भक्त्या प्रयच्छति । तदहं भक्त्युपहृतमश्नामि प्रयतात्मनः ॥ २६ ॥ मन्मना भव मद्भक्तो मद्याजी मां नमस्कुरु । मामेवैष्यसि युक्त्वैवमात्मानं मत्परायणः ॥ ३४ ॥ ॐ तत्सदिति राजविद्याराजगुह्ययोगो नाम नवमोऽध्यायः ॥ ९ ॥ दशमोऽध्यायः ॥ अहमात्मा गुडाकेश सर्वभूताशयस्थितः । अहमादिश्च मध्यं च भूतानामन्त एव च ॥ २० ॥
एकादशोऽध्यायः ॥ अर्जुन उवाच ॥ मदनुग्रहाय परमं गुह्यमध्यात्मसंज्ञितम् । यत्त्वयोक्तं वचस्तेन मोहोऽयं विगतो मम ॥ १ ॥ पश्य मे पार्थ रूपाणि शतशोऽथ सहस्रशः । नानाविधानि दिव्यानि नानावर्णाकृतीनि च ॥ ५ ॥ दिवि सूर्यसहस्रस्य भवेद्युगपदुत्थिता । यदि भाः सदृशी सा स्याद्भासस्तस्य महात्मनः ॥ १२ ॥ कालोऽस्मि लोकक्षयकृत्प्रवृद्धो लोकान्समाहर्तुमिह प्रवृत्तः ॥ ३२ ॥ द्वादशोऽध्यायः ॥ अद्वेष्टा सर्वभूतानां मैत्रः करुण एव च । निर्ममो निरहंकारः समदुःखसुखः क्षमी ॥ १३ ॥ त्रयोदशोऽध्यायः ॥ इदं शरीरं कौन्तेय क्षेत्रमित्यभिधीयते । एतद्यो वेत्ति तं प्राहुः क्षेत्रज्ञ इति तद्विदः ॥ १ ॥ चतुर्दशोऽध्यायः ॥ सत्त्वं रजस्तम इति गुणाः प्रकृतिसम्भवाः । निबध्नन्ति महाबाहो देहे देहिनमव्ययम् ॥ ५ ॥ पञ्चदशोऽध्यायः ॥ ऊर्ध्वमूलमधःशाखमश्वत्थं प्राहुरव्ययम् । छन्दांसि यस्य पर्णानि यस्तं वेद स वेदवित् ॥ १ ॥ षोडशोऽध्यायः ॥ अभयं सत्त्वसंशुद्धिर्ज्ञानयोगव्यवस्थितिः । दानं दमश्च यज्ञश्च स्वाध्यायस्तप आर्जवम् ॥ १ ॥ सप्तदशोऽध्यायः ॥ त्रिविधा भवति श्रद्धा देहिनां सा स्वभावजा । सात्त्विकी राजसी चैव तामसी चेति तां शृणु ॥ २ ॥ अष्टादशोऽध्यायः ॥ सर्वधर्मान्परित्यज्य मामेकं शरणं व्रज । अहं त्वा सर्वपापेभ्यो मोक्षयिष्यामि मा शुचः ॥ ६६ ॥ अर्जुन उवाच ॥ नष्टो मोहः स्मृतिर्लब्धा त्वत्प्रसादान्मयाच्युत । स्थितोऽस्मि गतसंदेहः करिष्ये वचनं तव ॥ ७३ ॥ संजय उवाच ॥ यत्र योगेश्वरः कृष्णो यत्र पार्थो धनुर्धरः । तत्र श्रीर्विजयो भूतिर्ध्रुवा नीतिर्मतिर्मम ॥ ७८ ॥ ॐ तत्सदिति श्रीमद्भगवद्गीतासूपनिषत्सु ब्रह्मविद्यायां योगशास्त्रे श्रीकृष्णार्जुनसंवादे मोक्षसंन्यासयोगो नामाष्टादशोऽध्यायः ॥ १८ ॥ एकादशोऽध्यायः ॥ अर्जुन उवाच ॥ मदनुग्रहाय परमं गुह्यमध्यात्मसंज्ञितम् । यत्त्वयोक्तं वचस्तेन मोहोऽयं विगतो मम ॥ १ ॥ पश्य मे पार्थ रूपाणि शतशोऽथ सहस्रशः । नानाविधानि दिव्यानि नानावर्णाकृतीनि च ॥ ५ ॥ दिवि सूर्यसहस्रस्य भवेद्युगपदुत्थिता । यदि भाः सदृशी सा स्याद्भासस्तस्य महात्मनः ॥ १२ ॥ कालोऽस्मि लोकक्षयकृत्प्रवृद्धो लोकान्समाहर्तुमिह प्रवृत्तः ॥ ३२ ॥ द्वादशोऽध्यायः ॥ अद्वेष्टा सर्वभूतानां मैत्रः करुण एव च । निर्ममो निरहंकारः समदुःखसुखः क्षमी ॥ १३ ॥ त्रयोदशोऽध्यायः ॥ इदं शरीरं कौन्तेय क्षेत्रमित्यभिधीयते । एतद्यो वेत्ति तं प्राहुः क्षेत्रज्ञ इति तद्विदः ॥ १ ॥ चतुर्दशोऽध्यायः ॥ सत्त्वं रजस्तम इति गुणाः प्रकृतिसम्भवाः । निबध्नन्ति महाबाहो देहे देहिनमव्ययम् ॥ ५ ॥ पञ्चदशोऽध्यायः ॥ ऊर्ध्वमूलमधःशाखमश्वत्थं प्राहुरव्ययम् । छन्दांसि यस्य पर्णानि यस्तं वेद स वेदवित् ॥ १ ॥ षोडशोऽध्यायः ॥ अभयं सत्त्वसंशुद्धिर्ज्ञानयोगव्यवस्थितिः । दानं दमश्च यज्ञश्च स्वाध्यायस्तप आर्जवम् ॥ १ ॥ सप्तदशोऽध्यायः ॥ त्रिविधा भवति श्रद्धा देहिनां सा स्वभावजा । सात्त्विकी राजसी चैव तामसी चेति तां शृणु ॥ २ ॥ अष्टादशोऽध्यायः ॥ सर्वधर्मान्परित्यज्य मामेकं शरणं व्रज । अहं त्वा सर्वपापेभ्यो मोक्षयिष्यामि मा शुचः ॥ ६६ ॥ अर्जुन उवाच ॥ नष्टो मोहः स्मृतिर्लब्धा त्वत्प्रसादान्मयाच्युत । स्थितोऽस्मि गतसंदेहः करिष्ये वचनं तव ॥ ७३ ॥ संजय उवाच ॥ यत्र योगेश्वरः कृष्णो यत्र पार्थो धनुर्धरः । तत्र श्रीर्विजयो भूतिर्ध्रुवा नीतिर्मतिर्मम ॥ ७८ ॥ ॐ तत्सदिति श्रीमद्भगवद्गीतासूपनिषत्सु ब्रह्मविद्यायां योगशास्त्रे श्रीकृष्णार्जुनसंवादे मोक्षसंन्यासयोगो नामाष्टादशोऽध्यायः ॥ १८ ॥ एकादशोऽध्यायः ॥ अर्जुन उवाच ॥ मदनुग्रहाय परमं गुह्यमध्यात्मसंज्ञितम् । यत्त्वयोक्तं वचस्तेन मोहोऽयं विगतो मम ॥ १ ॥ पश्य मे पार्थ रूपाणि शतशोऽथ सहस्रशः । नानाविधानि दिव्यानि नानावर्णाकृतीनि च ॥ ५ ॥ दिवि सूर्यसहस्रस्य भवेद्युगपदुत्थिता । यदि भाः सदृशी सा स्याद्भासस्तस्य महात्मनः ॥ १२ ॥ कालोऽस्मि लोकक्षयकृत्प्रवृद्धो लोकान्समाहर्तुमिह प्रवृत्तः ॥ ३२ ॥ द्वादशोऽध्यायः ॥ अद्वेष्टा सर्वभूतानां मैत्रः करुण एव च । निर्ममो निरहंकारः समदुःखसुखः क्षमी ॥ १३ ॥ त्रयोदशोऽध्यायः ॥ इदं शरीरं कौन्तेय क्षेत्रमित्यभिधीयते । एतद्यो वेत्ति तं प्राहुः क्षेत्रज्ञ इति तद्विदः ॥ १ ॥ चतुर्दशोऽध्यायः ॥ सत्त्वं रजस्तम इति गुणाः प्रकृतिसम्भवाः । निबध्नन्ति महाबाहो देहे देहिनमव्ययम् ॥ ५ ॥ पञ्चदशोऽध्यायः ॥ ऊर्ध्वमूलमधःशाखमश्वत्थं प्राहुरव्ययम् । छन्दांसि यस्य पर्णानि यस्तं वेद स वेदवित् ॥ १ ॥ षोडशोऽध्यायः ॥ अभयं सत्त्वसंशुद्धिर्ज्ञानयोगव्यवस्थितिः । दानं दमश्च यज्ञश्च स्वाध्यायस्तप आर्जवम् ॥ १ ॥ सप्तदशोऽध्यायः ॥ त्रिविधा भवति श्रद्धा देहिनां सा स्वभावजा । सात्त्विकी राजसी चैव तामसी चेति तां शृणु ॥ २ ॥ अष्टादशोऽध्यायः ॥ सर्वधर्मान्परित्यज्य मामेकं शरणं व्रज । अहं त्वा सर्वपापेभ्यो मोक्षयिष्यामि मा शुचः ॥ ६६ ॥ अर्जुन उवाच ॥ नष्टो मोहः स्मृतिर्लब्धा त्वत्प्रसादान्मयाच्युत । स्थितोऽस्मि गतसंदेहः करिष्ये वचनं तव ॥ ७३ ॥ संजय उवाच ॥ यत्र योगेश्वरः कृष्णो यत्र पार्थो धनुर्धरः । तत्र श्रीर्विजयो भूतिर्ध्रुवा नीतिर्मतिर्मम ॥ ७८ ॥ ॐ तत्सदिति श्रीमद्भगवद्गीतासूपनिषत्सु ब्रह्मविद्यायां योगशास्त्रे श्रीकृष्णार्जुनसंवादे मोक्षसंन्यासयोगो नामाष्टादशोऽध्यायः ॥ १८ ॥ एकादशोऽध्यायः ॥ अर्जुन उवाच ॥ मदनुग्रहाय परमं गुह्यमध्यात्मसंज्ञितम् । यत्त्वयोक्तं वचस्तेन मोहोऽयं विगतो मम ॥ १ ॥ पश्य मे पार्थ रूपाणि शतशोऽथ सहस्रशः । नानाविधानि दिव्यानि नानावर्णाकृतीनि च ॥ ५ ॥ दिवि सूर्यसहस्रस्य भवेद्युगपदुत्थिता । यदि भाः सदृशी सा स्याद्भासस्तस्य महात्मनः ॥ १२ ॥ कालोऽस्मि लोकक्षयकृत्प्रवृद्धो लोकान्समाहर्तुमिह प्रवृत्तः ॥ ३२ ॥ द्वादशोऽध्यायः ॥ अद्वेष्टा सर्वभूतानां मैत्रः करुण एव च । निर्ममो निरहंकारः समदुःखसुखः क्षमी ॥ १३ ॥ त्रयोदशोऽध्यायः ॥ इदं शरीरं कौन्तेय क्षेत्रमित्यभिधीयते । एतद्यो वेत्ति तं प्राहुः क्षेत्रज्ञ इति तद्विदः ॥ १ ॥ चतुर्दशोऽध्यायः ॥ सत्त्वं रजस्तम इति गुणाः प्रकृतिसम्भवाः । निबध्नन्ति महाबाहो देहे देहिनमव्ययम् ॥ ५ ॥ पञ्चदशोऽध्यायः ॥ ऊर्ध्वमूलमधःशाखमश्वत्थं प्राहुरव्ययम् । छन्दांसि यस्य पर्णानि यस्तं वेद स वेदवित् ॥ १ ॥ षोडशोऽध्यायः ॥ अभयं सत्त्वसंशुद्धिर्ज्ञानयोगव्यवस्थितिः । दानं दमश्च यज्ञश्च स्वाध्यायस्तप आर्जवम् ॥ १ ॥ सप्तदशोऽध्यायः ॥ त्रिविधा भवति श्रद्धा देहिनां सा स्वभावजा । सात्त्विकी राजसी चैव तामसी चेति तां शृणु ॥ २ ॥ अष्टादशोऽध्यायः ॥ सर्वधर्मान्परित्यज्य मामेकं शरणं व्रज । अहं त्वा सर्वपापेभ्यो मोक्षयिष्यामि मा शुचः ॥ ६६ ॥ अर्जुन उवाच ॥ नष्टो मोहः स्मृतिर्लब्धा त्वत्प्रसादान्मयाच्युत । स्थितोऽस्मि गतसंदेहः करिष्ये वचनं तव ॥ ७३ ॥ संजय उवाच ॥ यत्र योगेश्वरः कृष्णो यत्र पार्थो धनुर्धरः । तत्र श्रीर्विजयो भूतिर्ध्रुवा नीतिर्मतिर्मम ॥ ७८ ॥ ॐ तत्सदिति श्रीमद्भगवद्गीतासूपनिषत्सु ब्रह्मविद्यायां योगशास्त्रे श्रीकृष्णार्जुनसंवादे मोक्षसंन्यासयोगो नामाष्टादशोऽध्यायः ॥ १८ ॥
